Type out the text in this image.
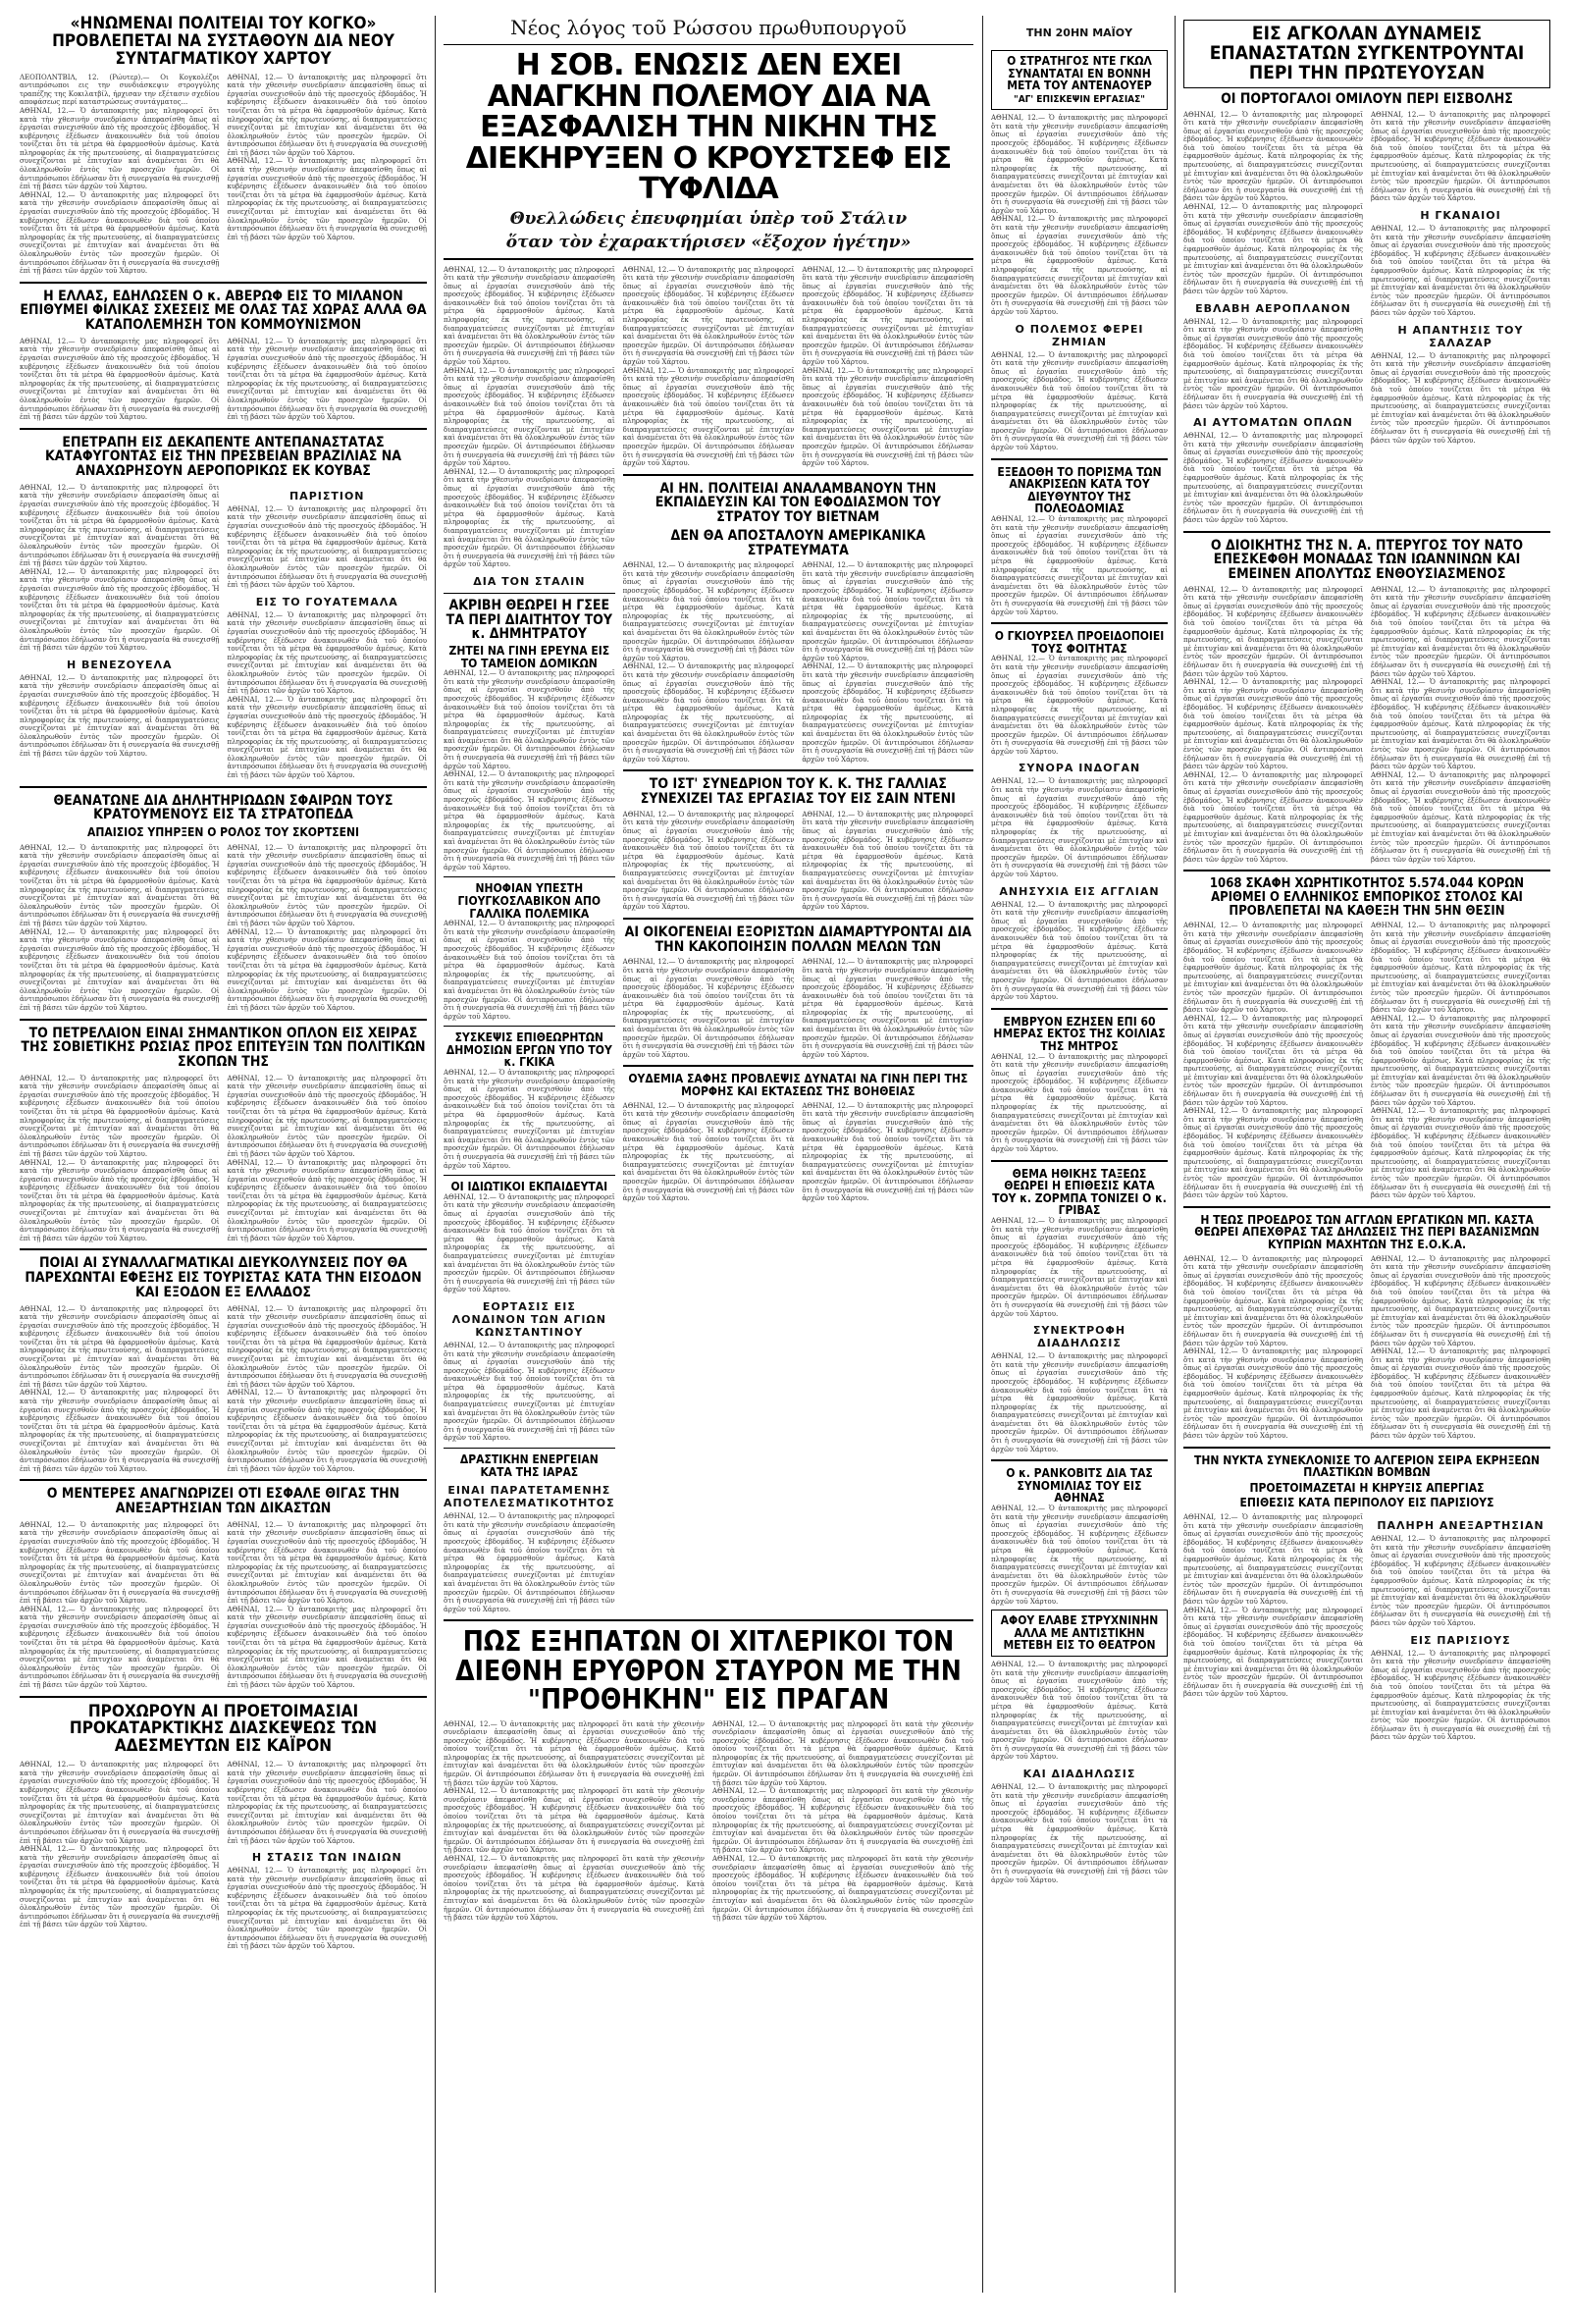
«ΗΝΩΜΕΝΑΙ ΠΟΛΙΤΕΙΑΙ ΤΟΥ ΚΟΓΚΟ» ΠΡΟΒΛΕΠΕΤΑΙ ΝΑ ΣΥΣΤΑΘΟΥΝ ΔΙΑ ΝΕΟΥ ΣΥΝΤΑΓΜΑΤΙΚΟΥ ΧΑΡΤΟΥ

ΛΕΟΠΟΛΝΤΒΙΛ, 12. (Ρώυτερ).— Οι Κογκολέζοι αντιπρόσωποι εις την συνδιάσκεψιν στρογγύλης τραπέζης της Κοκιλατβίλ, ήρχισαν την εξέτασιν σχεδίου αποφάσεως περί καταστρώσεως συντάγματος...

ΑΘΗΝΑΙ, 12.— Ὁ ἀνταποκριτὴς μας πληροφορεῖ ὅτι κατὰ τὴν χθεσινὴν συνεδρίασιν ἀπεφασίσθη ὅπως αἱ ἐργασίαι συνεχισθοῦν ἀπὸ τῆς προσεχοῦς ἑβδομάδος. Ἡ κυβέρνησις ἐξέδωσεν ἀνακοινωθὲν διὰ τοῦ ὁποίου τονίζεται ὅτι τὰ μέτρα θὰ ἐφαρμοσθοῦν ἀμέσως. Κατὰ πληροφορίας ἐκ τῆς πρωτευούσης, αἱ διαπραγματεύσεις συνεχίζονται μὲ ἐπιτυχίαν καὶ ἀναμένεται ὅτι θὰ ὁλοκληρωθοῦν ἐντὸς τῶν προσεχῶν ἡμερῶν. Οἱ ἀντιπρόσωποι ἐδήλωσαν ὅτι ἡ συνεργασία θὰ συνεχισθῇ ἐπὶ τῇ βάσει τῶν ἀρχῶν τοῦ Χάρτου.

ΑΘΗΝΑΙ, 12.— Ὁ ἀνταποκριτὴς μας πληροφορεῖ ὅτι κατὰ τὴν χθεσινὴν συνεδρίασιν ἀπεφασίσθη ὅπως αἱ ἐργασίαι συνεχισθοῦν ἀπὸ τῆς προσεχοῦς ἑβδομάδος. Ἡ κυβέρνησις ἐξέδωσεν ἀνακοινωθὲν διὰ τοῦ ὁποίου τονίζεται ὅτι τὰ μέτρα θὰ ἐφαρμοσθοῦν ἀμέσως. Κατὰ πληροφορίας ἐκ τῆς πρωτευούσης, αἱ διαπραγματεύσεις συνεχίζονται μὲ ἐπιτυχίαν καὶ ἀναμένεται ὅτι θὰ ὁλοκληρωθοῦν ἐντὸς τῶν προσεχῶν ἡμερῶν. Οἱ ἀντιπρόσωποι ἐδήλωσαν ὅτι ἡ συνεργασία θὰ συνεχισθῇ ἐπὶ τῇ βάσει τῶν ἀρχῶν τοῦ Χάρτου.

ΑΘΗΝΑΙ, 12.— Ὁ ἀνταποκριτὴς μας πληροφορεῖ ὅτι κατὰ τὴν χθεσινὴν συνεδρίασιν ἀπεφασίσθη ὅπως αἱ ἐργασίαι συνεχισθοῦν ἀπὸ τῆς προσεχοῦς ἑβδομάδος. Ἡ κυβέρνησις ἐξέδωσεν ἀνακοινωθὲν διὰ τοῦ ὁποίου τονίζεται ὅτι τὰ μέτρα θὰ ἐφαρμοσθοῦν ἀμέσως. Κατὰ πληροφορίας ἐκ τῆς πρωτευούσης, αἱ διαπραγματεύσεις συνεχίζονται μὲ ἐπιτυχίαν καὶ ἀναμένεται ὅτι θὰ ὁλοκληρωθοῦν ἐντὸς τῶν προσεχῶν ἡμερῶν. Οἱ ἀντιπρόσωποι ἐδήλωσαν ὅτι ἡ συνεργασία θὰ συνεχισθῇ ἐπὶ τῇ βάσει τῶν ἀρχῶν τοῦ Χάρτου.

ΑΘΗΝΑΙ, 12.— Ὁ ἀνταποκριτὴς μας πληροφορεῖ ὅτι κατὰ τὴν χθεσινὴν συνεδρίασιν ἀπεφασίσθη ὅπως αἱ ἐργασίαι συνεχισθοῦν ἀπὸ τῆς προσεχοῦς ἑβδομάδος. Ἡ κυβέρνησις ἐξέδωσεν ἀνακοινωθὲν διὰ τοῦ ὁποίου τονίζεται ὅτι τὰ μέτρα θὰ ἐφαρμοσθοῦν ἀμέσως. Κατὰ πληροφορίας ἐκ τῆς πρωτευούσης, αἱ διαπραγματεύσεις συνεχίζονται μὲ ἐπιτυχίαν καὶ ἀναμένεται ὅτι θὰ ὁλοκληρωθοῦν ἐντὸς τῶν προσεχῶν ἡμερῶν. Οἱ ἀντιπρόσωποι ἐδήλωσαν ὅτι ἡ συνεργασία θὰ συνεχισθῇ ἐπὶ τῇ βάσει τῶν ἀρχῶν τοῦ Χάρτου.

Η ΕΛΛΑΣ, ΕΔΗΛΩΣΕΝ Ο κ. ΑΒΕΡΩΦ ΕΙΣ ΤΟ ΜΙΛΑΝΟΝ ΕΠΙΘΥΜΕΙ ΦΙΛΙΚΑΣ ΣΧΕΣΕΙΣ ΜΕ ΟΛΑΣ ΤΑΣ ΧΩΡΑΣ ΑΛΛΑ ΘΑ ΚΑΤΑΠΟΛΕΜΗΣΗ ΤΟΝ ΚΟΜΜΟΥΝΙΣΜΟΝ

ΑΘΗΝΑΙ, 12.— Ὁ ἀνταποκριτὴς μας πληροφορεῖ ὅτι κατὰ τὴν χθεσινὴν συνεδρίασιν ἀπεφασίσθη ὅπως αἱ ἐργασίαι συνεχισθοῦν ἀπὸ τῆς προσεχοῦς ἑβδομάδος. Ἡ κυβέρνησις ἐξέδωσεν ἀνακοινωθὲν διὰ τοῦ ὁποίου τονίζεται ὅτι τὰ μέτρα θὰ ἐφαρμοσθοῦν ἀμέσως. Κατὰ πληροφορίας ἐκ τῆς πρωτευούσης, αἱ διαπραγματεύσεις συνεχίζονται μὲ ἐπιτυχίαν καὶ ἀναμένεται ὅτι θὰ ὁλοκληρωθοῦν ἐντὸς τῶν προσεχῶν ἡμερῶν. Οἱ ἀντιπρόσωποι ἐδήλωσαν ὅτι ἡ συνεργασία θὰ συνεχισθῇ ἐπὶ τῇ βάσει τῶν ἀρχῶν τοῦ Χάρτου.

ΑΘΗΝΑΙ, 12.— Ὁ ἀνταποκριτὴς μας πληροφορεῖ ὅτι κατὰ τὴν χθεσινὴν συνεδρίασιν ἀπεφασίσθη ὅπως αἱ ἐργασίαι συνεχισθοῦν ἀπὸ τῆς προσεχοῦς ἑβδομάδος. Ἡ κυβέρνησις ἐξέδωσεν ἀνακοινωθὲν διὰ τοῦ ὁποίου τονίζεται ὅτι τὰ μέτρα θὰ ἐφαρμοσθοῦν ἀμέσως. Κατὰ πληροφορίας ἐκ τῆς πρωτευούσης, αἱ διαπραγματεύσεις συνεχίζονται μὲ ἐπιτυχίαν καὶ ἀναμένεται ὅτι θὰ ὁλοκληρωθοῦν ἐντὸς τῶν προσεχῶν ἡμερῶν. Οἱ ἀντιπρόσωποι ἐδήλωσαν ὅτι ἡ συνεργασία θὰ συνεχισθῇ ἐπὶ τῇ βάσει τῶν ἀρχῶν τοῦ Χάρτου.

ΕΠΕΤΡΑΠΗ ΕΙΣ ΔΕΚΑΠΕΝΤΕ ΑΝΤΕΠΑΝΑΣΤΑΤΑΣ ΚΑΤΑΦΥΓΟΝΤΑΣ ΕΙΣ ΤΗΝ ΠΡΕΣΒΕΙΑΝ ΒΡΑΖΙΛΙΑΣ ΝΑ ΑΝΑΧΩΡΗΣΟΥΝ ΑΕΡΟΠΟΡΙΚΩΣ ΕΚ ΚΟΥΒΑΣ

ΑΘΗΝΑΙ, 12.— Ὁ ἀνταποκριτὴς μας πληροφορεῖ ὅτι κατὰ τὴν χθεσινὴν συνεδρίασιν ἀπεφασίσθη ὅπως αἱ ἐργασίαι συνεχισθοῦν ἀπὸ τῆς προσεχοῦς ἑβδομάδος. Ἡ κυβέρνησις ἐξέδωσεν ἀνακοινωθὲν διὰ τοῦ ὁποίου τονίζεται ὅτι τὰ μέτρα θὰ ἐφαρμοσθοῦν ἀμέσως. Κατὰ πληροφορίας ἐκ τῆς πρωτευούσης, αἱ διαπραγματεύσεις συνεχίζονται μὲ ἐπιτυχίαν καὶ ἀναμένεται ὅτι θὰ ὁλοκληρωθοῦν ἐντὸς τῶν προσεχῶν ἡμερῶν. Οἱ ἀντιπρόσωποι ἐδήλωσαν ὅτι ἡ συνεργασία θὰ συνεχισθῇ ἐπὶ τῇ βάσει τῶν ἀρχῶν τοῦ Χάρτου.

ΑΘΗΝΑΙ, 12.— Ὁ ἀνταποκριτὴς μας πληροφορεῖ ὅτι κατὰ τὴν χθεσινὴν συνεδρίασιν ἀπεφασίσθη ὅπως αἱ ἐργασίαι συνεχισθοῦν ἀπὸ τῆς προσεχοῦς ἑβδομάδος. Ἡ κυβέρνησις ἐξέδωσεν ἀνακοινωθὲν διὰ τοῦ ὁποίου τονίζεται ὅτι τὰ μέτρα θὰ ἐφαρμοσθοῦν ἀμέσως. Κατὰ πληροφορίας ἐκ τῆς πρωτευούσης, αἱ διαπραγματεύσεις συνεχίζονται μὲ ἐπιτυχίαν καὶ ἀναμένεται ὅτι θὰ ὁλοκληρωθοῦν ἐντὸς τῶν προσεχῶν ἡμερῶν. Οἱ ἀντιπρόσωποι ἐδήλωσαν ὅτι ἡ συνεργασία θὰ συνεχισθῇ ἐπὶ τῇ βάσει τῶν ἀρχῶν τοῦ Χάρτου.

Η ΒΕΝΕΖΟΥΕΛΑ

ΑΘΗΝΑΙ, 12.— Ὁ ἀνταποκριτὴς μας πληροφορεῖ ὅτι κατὰ τὴν χθεσινὴν συνεδρίασιν ἀπεφασίσθη ὅπως αἱ ἐργασίαι συνεχισθοῦν ἀπὸ τῆς προσεχοῦς ἑβδομάδος. Ἡ κυβέρνησις ἐξέδωσεν ἀνακοινωθὲν διὰ τοῦ ὁποίου τονίζεται ὅτι τὰ μέτρα θὰ ἐφαρμοσθοῦν ἀμέσως. Κατὰ πληροφορίας ἐκ τῆς πρωτευούσης, αἱ διαπραγματεύσεις συνεχίζονται μὲ ἐπιτυχίαν καὶ ἀναμένεται ὅτι θὰ ὁλοκληρωθοῦν ἐντὸς τῶν προσεχῶν ἡμερῶν. Οἱ ἀντιπρόσωποι ἐδήλωσαν ὅτι ἡ συνεργασία θὰ συνεχισθῇ ἐπὶ τῇ βάσει τῶν ἀρχῶν τοῦ Χάρτου.

ΠΑΡΙΣΤΙΟΝ

ΑΘΗΝΑΙ, 12.— Ὁ ἀνταποκριτὴς μας πληροφορεῖ ὅτι κατὰ τὴν χθεσινὴν συνεδρίασιν ἀπεφασίσθη ὅπως αἱ ἐργασίαι συνεχισθοῦν ἀπὸ τῆς προσεχοῦς ἑβδομάδος. Ἡ κυβέρνησις ἐξέδωσεν ἀνακοινωθὲν διὰ τοῦ ὁποίου τονίζεται ὅτι τὰ μέτρα θὰ ἐφαρμοσθοῦν ἀμέσως. Κατὰ πληροφορίας ἐκ τῆς πρωτευούσης, αἱ διαπραγματεύσεις συνεχίζονται μὲ ἐπιτυχίαν καὶ ἀναμένεται ὅτι θὰ ὁλοκληρωθοῦν ἐντὸς τῶν προσεχῶν ἡμερῶν. Οἱ ἀντιπρόσωποι ἐδήλωσαν ὅτι ἡ συνεργασία θὰ συνεχισθῇ ἐπὶ τῇ βάσει τῶν ἀρχῶν τοῦ Χάρτου.

ΕΙΣ ΤΟ ΓΟΥΑΤΕΜΑΛΑ

ΑΘΗΝΑΙ, 12.— Ὁ ἀνταποκριτὴς μας πληροφορεῖ ὅτι κατὰ τὴν χθεσινὴν συνεδρίασιν ἀπεφασίσθη ὅπως αἱ ἐργασίαι συνεχισθοῦν ἀπὸ τῆς προσεχοῦς ἑβδομάδος. Ἡ κυβέρνησις ἐξέδωσεν ἀνακοινωθὲν διὰ τοῦ ὁποίου τονίζεται ὅτι τὰ μέτρα θὰ ἐφαρμοσθοῦν ἀμέσως. Κατὰ πληροφορίας ἐκ τῆς πρωτευούσης, αἱ διαπραγματεύσεις συνεχίζονται μὲ ἐπιτυχίαν καὶ ἀναμένεται ὅτι θὰ ὁλοκληρωθοῦν ἐντὸς τῶν προσεχῶν ἡμερῶν. Οἱ ἀντιπρόσωποι ἐδήλωσαν ὅτι ἡ συνεργασία θὰ συνεχισθῇ ἐπὶ τῇ βάσει τῶν ἀρχῶν τοῦ Χάρτου.

ΑΘΗΝΑΙ, 12.— Ὁ ἀνταποκριτὴς μας πληροφορεῖ ὅτι κατὰ τὴν χθεσινὴν συνεδρίασιν ἀπεφασίσθη ὅπως αἱ ἐργασίαι συνεχισθοῦν ἀπὸ τῆς προσεχοῦς ἑβδομάδος. Ἡ κυβέρνησις ἐξέδωσεν ἀνακοινωθὲν διὰ τοῦ ὁποίου τονίζεται ὅτι τὰ μέτρα θὰ ἐφαρμοσθοῦν ἀμέσως. Κατὰ πληροφορίας ἐκ τῆς πρωτευούσης, αἱ διαπραγματεύσεις συνεχίζονται μὲ ἐπιτυχίαν καὶ ἀναμένεται ὅτι θὰ ὁλοκληρωθοῦν ἐντὸς τῶν προσεχῶν ἡμερῶν. Οἱ ἀντιπρόσωποι ἐδήλωσαν ὅτι ἡ συνεργασία θὰ συνεχισθῇ ἐπὶ τῇ βάσει τῶν ἀρχῶν τοῦ Χάρτου.

ΘΕΑΝΑΤΩΝΕ ΔΙΑ ΔΗΛΗΤΗΡΙΩΔΩΝ ΣΦΑΙΡΩΝ ΤΟΥΣ ΚΡΑΤΟΥΜΕΝΟΥΣ ΕΙΣ ΤΑ ΣΤΡΑΤΟΠΕΔΑ

ΑΠΑΙΣΙΟΣ ΥΠΗΡΞΕΝ Ο ΡΟΛΟΣ ΤΟΥ ΣΚΟΡΤΣΕΝΙ

ΑΘΗΝΑΙ, 12.— Ὁ ἀνταποκριτὴς μας πληροφορεῖ ὅτι κατὰ τὴν χθεσινὴν συνεδρίασιν ἀπεφασίσθη ὅπως αἱ ἐργασίαι συνεχισθοῦν ἀπὸ τῆς προσεχοῦς ἑβδομάδος. Ἡ κυβέρνησις ἐξέδωσεν ἀνακοινωθὲν διὰ τοῦ ὁποίου τονίζεται ὅτι τὰ μέτρα θὰ ἐφαρμοσθοῦν ἀμέσως. Κατὰ πληροφορίας ἐκ τῆς πρωτευούσης, αἱ διαπραγματεύσεις συνεχίζονται μὲ ἐπιτυχίαν καὶ ἀναμένεται ὅτι θὰ ὁλοκληρωθοῦν ἐντὸς τῶν προσεχῶν ἡμερῶν. Οἱ ἀντιπρόσωποι ἐδήλωσαν ὅτι ἡ συνεργασία θὰ συνεχισθῇ ἐπὶ τῇ βάσει τῶν ἀρχῶν τοῦ Χάρτου.

ΑΘΗΝΑΙ, 12.— Ὁ ἀνταποκριτὴς μας πληροφορεῖ ὅτι κατὰ τὴν χθεσινὴν συνεδρίασιν ἀπεφασίσθη ὅπως αἱ ἐργασίαι συνεχισθοῦν ἀπὸ τῆς προσεχοῦς ἑβδομάδος. Ἡ κυβέρνησις ἐξέδωσεν ἀνακοινωθὲν διὰ τοῦ ὁποίου τονίζεται ὅτι τὰ μέτρα θὰ ἐφαρμοσθοῦν ἀμέσως. Κατὰ πληροφορίας ἐκ τῆς πρωτευούσης, αἱ διαπραγματεύσεις συνεχίζονται μὲ ἐπιτυχίαν καὶ ἀναμένεται ὅτι θὰ ὁλοκληρωθοῦν ἐντὸς τῶν προσεχῶν ἡμερῶν. Οἱ ἀντιπρόσωποι ἐδήλωσαν ὅτι ἡ συνεργασία θὰ συνεχισθῇ ἐπὶ τῇ βάσει τῶν ἀρχῶν τοῦ Χάρτου.

ΑΘΗΝΑΙ, 12.— Ὁ ἀνταποκριτὴς μας πληροφορεῖ ὅτι κατὰ τὴν χθεσινὴν συνεδρίασιν ἀπεφασίσθη ὅπως αἱ ἐργασίαι συνεχισθοῦν ἀπὸ τῆς προσεχοῦς ἑβδομάδος. Ἡ κυβέρνησις ἐξέδωσεν ἀνακοινωθὲν διὰ τοῦ ὁποίου τονίζεται ὅτι τὰ μέτρα θὰ ἐφαρμοσθοῦν ἀμέσως. Κατὰ πληροφορίας ἐκ τῆς πρωτευούσης, αἱ διαπραγματεύσεις συνεχίζονται μὲ ἐπιτυχίαν καὶ ἀναμένεται ὅτι θὰ ὁλοκληρωθοῦν ἐντὸς τῶν προσεχῶν ἡμερῶν. Οἱ ἀντιπρόσωποι ἐδήλωσαν ὅτι ἡ συνεργασία θὰ συνεχισθῇ ἐπὶ τῇ βάσει τῶν ἀρχῶν τοῦ Χάρτου.

ΑΘΗΝΑΙ, 12.— Ὁ ἀνταποκριτὴς μας πληροφορεῖ ὅτι κατὰ τὴν χθεσινὴν συνεδρίασιν ἀπεφασίσθη ὅπως αἱ ἐργασίαι συνεχισθοῦν ἀπὸ τῆς προσεχοῦς ἑβδομάδος. Ἡ κυβέρνησις ἐξέδωσεν ἀνακοινωθὲν διὰ τοῦ ὁποίου τονίζεται ὅτι τὰ μέτρα θὰ ἐφαρμοσθοῦν ἀμέσως. Κατὰ πληροφορίας ἐκ τῆς πρωτευούσης, αἱ διαπραγματεύσεις συνεχίζονται μὲ ἐπιτυχίαν καὶ ἀναμένεται ὅτι θὰ ὁλοκληρωθοῦν ἐντὸς τῶν προσεχῶν ἡμερῶν. Οἱ ἀντιπρόσωποι ἐδήλωσαν ὅτι ἡ συνεργασία θὰ συνεχισθῇ ἐπὶ τῇ βάσει τῶν ἀρχῶν τοῦ Χάρτου.

ΤΟ ΠΕΤΡΕΛΑΙΟΝ ΕΙΝΑΙ ΣΗΜΑΝΤΙΚΟΝ ΟΠΛΟΝ ΕΙΣ ΧΕΙΡΑΣ ΤΗΣ ΣΟΒΙΕΤΙΚΗΣ ΡΩΣΙΑΣ ΠΡΟΣ ΕΠΙΤΕΥΞΙΝ ΤΩΝ ΠΟΛΙΤΙΚΩΝ ΣΚΟΠΩΝ ΤΗΣ

ΑΘΗΝΑΙ, 12.— Ὁ ἀνταποκριτὴς μας πληροφορεῖ ὅτι κατὰ τὴν χθεσινὴν συνεδρίασιν ἀπεφασίσθη ὅπως αἱ ἐργασίαι συνεχισθοῦν ἀπὸ τῆς προσεχοῦς ἑβδομάδος. Ἡ κυβέρνησις ἐξέδωσεν ἀνακοινωθὲν διὰ τοῦ ὁποίου τονίζεται ὅτι τὰ μέτρα θὰ ἐφαρμοσθοῦν ἀμέσως. Κατὰ πληροφορίας ἐκ τῆς πρωτευούσης, αἱ διαπραγματεύσεις συνεχίζονται μὲ ἐπιτυχίαν καὶ ἀναμένεται ὅτι θὰ ὁλοκληρωθοῦν ἐντὸς τῶν προσεχῶν ἡμερῶν. Οἱ ἀντιπρόσωποι ἐδήλωσαν ὅτι ἡ συνεργασία θὰ συνεχισθῇ ἐπὶ τῇ βάσει τῶν ἀρχῶν τοῦ Χάρτου.

ΑΘΗΝΑΙ, 12.— Ὁ ἀνταποκριτὴς μας πληροφορεῖ ὅτι κατὰ τὴν χθεσινὴν συνεδρίασιν ἀπεφασίσθη ὅπως αἱ ἐργασίαι συνεχισθοῦν ἀπὸ τῆς προσεχοῦς ἑβδομάδος. Ἡ κυβέρνησις ἐξέδωσεν ἀνακοινωθὲν διὰ τοῦ ὁποίου τονίζεται ὅτι τὰ μέτρα θὰ ἐφαρμοσθοῦν ἀμέσως. Κατὰ πληροφορίας ἐκ τῆς πρωτευούσης, αἱ διαπραγματεύσεις συνεχίζονται μὲ ἐπιτυχίαν καὶ ἀναμένεται ὅτι θὰ ὁλοκληρωθοῦν ἐντὸς τῶν προσεχῶν ἡμερῶν. Οἱ ἀντιπρόσωποι ἐδήλωσαν ὅτι ἡ συνεργασία θὰ συνεχισθῇ ἐπὶ τῇ βάσει τῶν ἀρχῶν τοῦ Χάρτου.

ΑΘΗΝΑΙ, 12.— Ὁ ἀνταποκριτὴς μας πληροφορεῖ ὅτι κατὰ τὴν χθεσινὴν συνεδρίασιν ἀπεφασίσθη ὅπως αἱ ἐργασίαι συνεχισθοῦν ἀπὸ τῆς προσεχοῦς ἑβδομάδος. Ἡ κυβέρνησις ἐξέδωσεν ἀνακοινωθὲν διὰ τοῦ ὁποίου τονίζεται ὅτι τὰ μέτρα θὰ ἐφαρμοσθοῦν ἀμέσως. Κατὰ πληροφορίας ἐκ τῆς πρωτευούσης, αἱ διαπραγματεύσεις συνεχίζονται μὲ ἐπιτυχίαν καὶ ἀναμένεται ὅτι θὰ ὁλοκληρωθοῦν ἐντὸς τῶν προσεχῶν ἡμερῶν. Οἱ ἀντιπρόσωποι ἐδήλωσαν ὅτι ἡ συνεργασία θὰ συνεχισθῇ ἐπὶ τῇ βάσει τῶν ἀρχῶν τοῦ Χάρτου.

ΑΘΗΝΑΙ, 12.— Ὁ ἀνταποκριτὴς μας πληροφορεῖ ὅτι κατὰ τὴν χθεσινὴν συνεδρίασιν ἀπεφασίσθη ὅπως αἱ ἐργασίαι συνεχισθοῦν ἀπὸ τῆς προσεχοῦς ἑβδομάδος. Ἡ κυβέρνησις ἐξέδωσεν ἀνακοινωθὲν διὰ τοῦ ὁποίου τονίζεται ὅτι τὰ μέτρα θὰ ἐφαρμοσθοῦν ἀμέσως. Κατὰ πληροφορίας ἐκ τῆς πρωτευούσης, αἱ διαπραγματεύσεις συνεχίζονται μὲ ἐπιτυχίαν καὶ ἀναμένεται ὅτι θὰ ὁλοκληρωθοῦν ἐντὸς τῶν προσεχῶν ἡμερῶν. Οἱ ἀντιπρόσωποι ἐδήλωσαν ὅτι ἡ συνεργασία θὰ συνεχισθῇ ἐπὶ τῇ βάσει τῶν ἀρχῶν τοῦ Χάρτου.

ΠΟΙΑΙ ΑΙ ΣΥΝΑΛΛΑΓΜΑΤΙΚΑΙ ΔΙΕΥΚΟΛΥΝΣΕΙΣ ΠΟΥ ΘΑ ΠΑΡΕΧΩΝΤΑΙ ΕΦΕΞΗΣ ΕΙΣ ΤΟΥΡΙΣΤΑΣ ΚΑΤΑ ΤΗΝ ΕΙΣΟΔΟΝ ΚΑΙ ΕΞΟΔΟΝ ΕΞ ΕΛΛΑΔΟΣ

ΑΘΗΝΑΙ, 12.— Ὁ ἀνταποκριτὴς μας πληροφορεῖ ὅτι κατὰ τὴν χθεσινὴν συνεδρίασιν ἀπεφασίσθη ὅπως αἱ ἐργασίαι συνεχισθοῦν ἀπὸ τῆς προσεχοῦς ἑβδομάδος. Ἡ κυβέρνησις ἐξέδωσεν ἀνακοινωθὲν διὰ τοῦ ὁποίου τονίζεται ὅτι τὰ μέτρα θὰ ἐφαρμοσθοῦν ἀμέσως. Κατὰ πληροφορίας ἐκ τῆς πρωτευούσης, αἱ διαπραγματεύσεις συνεχίζονται μὲ ἐπιτυχίαν καὶ ἀναμένεται ὅτι θὰ ὁλοκληρωθοῦν ἐντὸς τῶν προσεχῶν ἡμερῶν. Οἱ ἀντιπρόσωποι ἐδήλωσαν ὅτι ἡ συνεργασία θὰ συνεχισθῇ ἐπὶ τῇ βάσει τῶν ἀρχῶν τοῦ Χάρτου.

ΑΘΗΝΑΙ, 12.— Ὁ ἀνταποκριτὴς μας πληροφορεῖ ὅτι κατὰ τὴν χθεσινὴν συνεδρίασιν ἀπεφασίσθη ὅπως αἱ ἐργασίαι συνεχισθοῦν ἀπὸ τῆς προσεχοῦς ἑβδομάδος. Ἡ κυβέρνησις ἐξέδωσεν ἀνακοινωθὲν διὰ τοῦ ὁποίου τονίζεται ὅτι τὰ μέτρα θὰ ἐφαρμοσθοῦν ἀμέσως. Κατὰ πληροφορίας ἐκ τῆς πρωτευούσης, αἱ διαπραγματεύσεις συνεχίζονται μὲ ἐπιτυχίαν καὶ ἀναμένεται ὅτι θὰ ὁλοκληρωθοῦν ἐντὸς τῶν προσεχῶν ἡμερῶν. Οἱ ἀντιπρόσωποι ἐδήλωσαν ὅτι ἡ συνεργασία θὰ συνεχισθῇ ἐπὶ τῇ βάσει τῶν ἀρχῶν τοῦ Χάρτου.

ΑΘΗΝΑΙ, 12.— Ὁ ἀνταποκριτὴς μας πληροφορεῖ ὅτι κατὰ τὴν χθεσινὴν συνεδρίασιν ἀπεφασίσθη ὅπως αἱ ἐργασίαι συνεχισθοῦν ἀπὸ τῆς προσεχοῦς ἑβδομάδος. Ἡ κυβέρνησις ἐξέδωσεν ἀνακοινωθὲν διὰ τοῦ ὁποίου τονίζεται ὅτι τὰ μέτρα θὰ ἐφαρμοσθοῦν ἀμέσως. Κατὰ πληροφορίας ἐκ τῆς πρωτευούσης, αἱ διαπραγματεύσεις συνεχίζονται μὲ ἐπιτυχίαν καὶ ἀναμένεται ὅτι θὰ ὁλοκληρωθοῦν ἐντὸς τῶν προσεχῶν ἡμερῶν. Οἱ ἀντιπρόσωποι ἐδήλωσαν ὅτι ἡ συνεργασία θὰ συνεχισθῇ ἐπὶ τῇ βάσει τῶν ἀρχῶν τοῦ Χάρτου.

ΑΘΗΝΑΙ, 12.— Ὁ ἀνταποκριτὴς μας πληροφορεῖ ὅτι κατὰ τὴν χθεσινὴν συνεδρίασιν ἀπεφασίσθη ὅπως αἱ ἐργασίαι συνεχισθοῦν ἀπὸ τῆς προσεχοῦς ἑβδομάδος. Ἡ κυβέρνησις ἐξέδωσεν ἀνακοινωθὲν διὰ τοῦ ὁποίου τονίζεται ὅτι τὰ μέτρα θὰ ἐφαρμοσθοῦν ἀμέσως. Κατὰ πληροφορίας ἐκ τῆς πρωτευούσης, αἱ διαπραγματεύσεις συνεχίζονται μὲ ἐπιτυχίαν καὶ ἀναμένεται ὅτι θὰ ὁλοκληρωθοῦν ἐντὸς τῶν προσεχῶν ἡμερῶν. Οἱ ἀντιπρόσωποι ἐδήλωσαν ὅτι ἡ συνεργασία θὰ συνεχισθῇ ἐπὶ τῇ βάσει τῶν ἀρχῶν τοῦ Χάρτου.

Ο ΜΕΝΤΕΡΕΣ ΑΝΑΓΝΩΡΙΖΕΙ ΟΤΙ ΕΣΦΑΛΕ ΘΙΓΑΣ ΤΗΝ ΑΝΕΞΑΡΤΗΣΙΑΝ ΤΩΝ ΔΙΚΑΣΤΩΝ

ΑΘΗΝΑΙ, 12.— Ὁ ἀνταποκριτὴς μας πληροφορεῖ ὅτι κατὰ τὴν χθεσινὴν συνεδρίασιν ἀπεφασίσθη ὅπως αἱ ἐργασίαι συνεχισθοῦν ἀπὸ τῆς προσεχοῦς ἑβδομάδος. Ἡ κυβέρνησις ἐξέδωσεν ἀνακοινωθὲν διὰ τοῦ ὁποίου τονίζεται ὅτι τὰ μέτρα θὰ ἐφαρμοσθοῦν ἀμέσως. Κατὰ πληροφορίας ἐκ τῆς πρωτευούσης, αἱ διαπραγματεύσεις συνεχίζονται μὲ ἐπιτυχίαν καὶ ἀναμένεται ὅτι θὰ ὁλοκληρωθοῦν ἐντὸς τῶν προσεχῶν ἡμερῶν. Οἱ ἀντιπρόσωποι ἐδήλωσαν ὅτι ἡ συνεργασία θὰ συνεχισθῇ ἐπὶ τῇ βάσει τῶν ἀρχῶν τοῦ Χάρτου.

ΑΘΗΝΑΙ, 12.— Ὁ ἀνταποκριτὴς μας πληροφορεῖ ὅτι κατὰ τὴν χθεσινὴν συνεδρίασιν ἀπεφασίσθη ὅπως αἱ ἐργασίαι συνεχισθοῦν ἀπὸ τῆς προσεχοῦς ἑβδομάδος. Ἡ κυβέρνησις ἐξέδωσεν ἀνακοινωθὲν διὰ τοῦ ὁποίου τονίζεται ὅτι τὰ μέτρα θὰ ἐφαρμοσθοῦν ἀμέσως. Κατὰ πληροφορίας ἐκ τῆς πρωτευούσης, αἱ διαπραγματεύσεις συνεχίζονται μὲ ἐπιτυχίαν καὶ ἀναμένεται ὅτι θὰ ὁλοκληρωθοῦν ἐντὸς τῶν προσεχῶν ἡμερῶν. Οἱ ἀντιπρόσωποι ἐδήλωσαν ὅτι ἡ συνεργασία θὰ συνεχισθῇ ἐπὶ τῇ βάσει τῶν ἀρχῶν τοῦ Χάρτου.

ΑΘΗΝΑΙ, 12.— Ὁ ἀνταποκριτὴς μας πληροφορεῖ ὅτι κατὰ τὴν χθεσινὴν συνεδρίασιν ἀπεφασίσθη ὅπως αἱ ἐργασίαι συνεχισθοῦν ἀπὸ τῆς προσεχοῦς ἑβδομάδος. Ἡ κυβέρνησις ἐξέδωσεν ἀνακοινωθὲν διὰ τοῦ ὁποίου τονίζεται ὅτι τὰ μέτρα θὰ ἐφαρμοσθοῦν ἀμέσως. Κατὰ πληροφορίας ἐκ τῆς πρωτευούσης, αἱ διαπραγματεύσεις συνεχίζονται μὲ ἐπιτυχίαν καὶ ἀναμένεται ὅτι θὰ ὁλοκληρωθοῦν ἐντὸς τῶν προσεχῶν ἡμερῶν. Οἱ ἀντιπρόσωποι ἐδήλωσαν ὅτι ἡ συνεργασία θὰ συνεχισθῇ ἐπὶ τῇ βάσει τῶν ἀρχῶν τοῦ Χάρτου.

ΑΘΗΝΑΙ, 12.— Ὁ ἀνταποκριτὴς μας πληροφορεῖ ὅτι κατὰ τὴν χθεσινὴν συνεδρίασιν ἀπεφασίσθη ὅπως αἱ ἐργασίαι συνεχισθοῦν ἀπὸ τῆς προσεχοῦς ἑβδομάδος. Ἡ κυβέρνησις ἐξέδωσεν ἀνακοινωθὲν διὰ τοῦ ὁποίου τονίζεται ὅτι τὰ μέτρα θὰ ἐφαρμοσθοῦν ἀμέσως. Κατὰ πληροφορίας ἐκ τῆς πρωτευούσης, αἱ διαπραγματεύσεις συνεχίζονται μὲ ἐπιτυχίαν καὶ ἀναμένεται ὅτι θὰ ὁλοκληρωθοῦν ἐντὸς τῶν προσεχῶν ἡμερῶν. Οἱ ἀντιπρόσωποι ἐδήλωσαν ὅτι ἡ συνεργασία θὰ συνεχισθῇ ἐπὶ τῇ βάσει τῶν ἀρχῶν τοῦ Χάρτου.

ΠΡΟΧΩΡΟΥΝ ΑΙ ΠΡΟΕΤΟΙΜΑΣΙΑΙ ΠΡΟΚΑΤΑΡΚΤΙΚΗΣ ΔΙΑΣΚΕΨΕΩΣ ΤΩΝ ΑΔΕΣΜΕΥΤΩΝ ΕΙΣ ΚΑΪΡΟΝ

ΑΘΗΝΑΙ, 12.— Ὁ ἀνταποκριτὴς μας πληροφορεῖ ὅτι κατὰ τὴν χθεσινὴν συνεδρίασιν ἀπεφασίσθη ὅπως αἱ ἐργασίαι συνεχισθοῦν ἀπὸ τῆς προσεχοῦς ἑβδομάδος. Ἡ κυβέρνησις ἐξέδωσεν ἀνακοινωθὲν διὰ τοῦ ὁποίου τονίζεται ὅτι τὰ μέτρα θὰ ἐφαρμοσθοῦν ἀμέσως. Κατὰ πληροφορίας ἐκ τῆς πρωτευούσης, αἱ διαπραγματεύσεις συνεχίζονται μὲ ἐπιτυχίαν καὶ ἀναμένεται ὅτι θὰ ὁλοκληρωθοῦν ἐντὸς τῶν προσεχῶν ἡμερῶν. Οἱ ἀντιπρόσωποι ἐδήλωσαν ὅτι ἡ συνεργασία θὰ συνεχισθῇ ἐπὶ τῇ βάσει τῶν ἀρχῶν τοῦ Χάρτου.

ΑΘΗΝΑΙ, 12.— Ὁ ἀνταποκριτὴς μας πληροφορεῖ ὅτι κατὰ τὴν χθεσινὴν συνεδρίασιν ἀπεφασίσθη ὅπως αἱ ἐργασίαι συνεχισθοῦν ἀπὸ τῆς προσεχοῦς ἑβδομάδος. Ἡ κυβέρνησις ἐξέδωσεν ἀνακοινωθὲν διὰ τοῦ ὁποίου τονίζεται ὅτι τὰ μέτρα θὰ ἐφαρμοσθοῦν ἀμέσως. Κατὰ πληροφορίας ἐκ τῆς πρωτευούσης, αἱ διαπραγματεύσεις συνεχίζονται μὲ ἐπιτυχίαν καὶ ἀναμένεται ὅτι θὰ ὁλοκληρωθοῦν ἐντὸς τῶν προσεχῶν ἡμερῶν. Οἱ ἀντιπρόσωποι ἐδήλωσαν ὅτι ἡ συνεργασία θὰ συνεχισθῇ ἐπὶ τῇ βάσει τῶν ἀρχῶν τοῦ Χάρτου.

ΑΘΗΝΑΙ, 12.— Ὁ ἀνταποκριτὴς μας πληροφορεῖ ὅτι κατὰ τὴν χθεσινὴν συνεδρίασιν ἀπεφασίσθη ὅπως αἱ ἐργασίαι συνεχισθοῦν ἀπὸ τῆς προσεχοῦς ἑβδομάδος. Ἡ κυβέρνησις ἐξέδωσεν ἀνακοινωθὲν διὰ τοῦ ὁποίου τονίζεται ὅτι τὰ μέτρα θὰ ἐφαρμοσθοῦν ἀμέσως. Κατὰ πληροφορίας ἐκ τῆς πρωτευούσης, αἱ διαπραγματεύσεις συνεχίζονται μὲ ἐπιτυχίαν καὶ ἀναμένεται ὅτι θὰ ὁλοκληρωθοῦν ἐντὸς τῶν προσεχῶν ἡμερῶν. Οἱ ἀντιπρόσωποι ἐδήλωσαν ὅτι ἡ συνεργασία θὰ συνεχισθῇ ἐπὶ τῇ βάσει τῶν ἀρχῶν τοῦ Χάρτου.

Η ΣΤΑΣΙΣ ΤΩΝ ΙΝΔΙΩΝ

ΑΘΗΝΑΙ, 12.— Ὁ ἀνταποκριτὴς μας πληροφορεῖ ὅτι κατὰ τὴν χθεσινὴν συνεδρίασιν ἀπεφασίσθη ὅπως αἱ ἐργασίαι συνεχισθοῦν ἀπὸ τῆς προσεχοῦς ἑβδομάδος. Ἡ κυβέρνησις ἐξέδωσεν ἀνακοινωθὲν διὰ τοῦ ὁποίου τονίζεται ὅτι τὰ μέτρα θὰ ἐφαρμοσθοῦν ἀμέσως. Κατὰ πληροφορίας ἐκ τῆς πρωτευούσης, αἱ διαπραγματεύσεις συνεχίζονται μὲ ἐπιτυχίαν καὶ ἀναμένεται ὅτι θὰ ὁλοκληρωθοῦν ἐντὸς τῶν προσεχῶν ἡμερῶν. Οἱ ἀντιπρόσωποι ἐδήλωσαν ὅτι ἡ συνεργασία θὰ συνεχισθῇ ἐπὶ τῇ βάσει τῶν ἀρχῶν τοῦ Χάρτου.

Νέος λόγος τοῦ Ρώσσου πρωθυπουργοῦ

Η ΣΟΒ. ΕΝΩΣΙΣ ΔΕΝ ΕΧΕΙ ΑΝΑΓΚΗΝ ΠΟΛΕΜΟΥ ΔΙΑ ΝΑ ΕΞΑΣΦΑΛΙΣΗ ΤΗΝ ΝΙΚΗΝ ΤΗΣ ΔΙΕΚΗΡΥΞΕΝ Ο ΚΡΟΥΣΤΣΕΦ ΕΙΣ ΤΥΦΛΙΔΑ

Θυελλώδεις ἐπευφημίαι ὑπὲρ τοῦ Στάλιν

ὅταν τὸν ἐχαρακτήρισεν «ἔξοχον ἡγέτην»

ΑΘΗΝΑΙ, 12.— Ὁ ἀνταποκριτὴς μας πληροφορεῖ ὅτι κατὰ τὴν χθεσινὴν συνεδρίασιν ἀπεφασίσθη ὅπως αἱ ἐργασίαι συνεχισθοῦν ἀπὸ τῆς προσεχοῦς ἑβδομάδος. Ἡ κυβέρνησις ἐξέδωσεν ἀνακοινωθὲν διὰ τοῦ ὁποίου τονίζεται ὅτι τὰ μέτρα θὰ ἐφαρμοσθοῦν ἀμέσως. Κατὰ πληροφορίας ἐκ τῆς πρωτευούσης, αἱ διαπραγματεύσεις συνεχίζονται μὲ ἐπιτυχίαν καὶ ἀναμένεται ὅτι θὰ ὁλοκληρωθοῦν ἐντὸς τῶν προσεχῶν ἡμερῶν. Οἱ ἀντιπρόσωποι ἐδήλωσαν ὅτι ἡ συνεργασία θὰ συνεχισθῇ ἐπὶ τῇ βάσει τῶν ἀρχῶν τοῦ Χάρτου.

ΑΘΗΝΑΙ, 12.— Ὁ ἀνταποκριτὴς μας πληροφορεῖ ὅτι κατὰ τὴν χθεσινὴν συνεδρίασιν ἀπεφασίσθη ὅπως αἱ ἐργασίαι συνεχισθοῦν ἀπὸ τῆς προσεχοῦς ἑβδομάδος. Ἡ κυβέρνησις ἐξέδωσεν ἀνακοινωθὲν διὰ τοῦ ὁποίου τονίζεται ὅτι τὰ μέτρα θὰ ἐφαρμοσθοῦν ἀμέσως. Κατὰ πληροφορίας ἐκ τῆς πρωτευούσης, αἱ διαπραγματεύσεις συνεχίζονται μὲ ἐπιτυχίαν καὶ ἀναμένεται ὅτι θὰ ὁλοκληρωθοῦν ἐντὸς τῶν προσεχῶν ἡμερῶν. Οἱ ἀντιπρόσωποι ἐδήλωσαν ὅτι ἡ συνεργασία θὰ συνεχισθῇ ἐπὶ τῇ βάσει τῶν ἀρχῶν τοῦ Χάρτου.

ΑΘΗΝΑΙ, 12.— Ὁ ἀνταποκριτὴς μας πληροφορεῖ ὅτι κατὰ τὴν χθεσινὴν συνεδρίασιν ἀπεφασίσθη ὅπως αἱ ἐργασίαι συνεχισθοῦν ἀπὸ τῆς προσεχοῦς ἑβδομάδος. Ἡ κυβέρνησις ἐξέδωσεν ἀνακοινωθὲν διὰ τοῦ ὁποίου τονίζεται ὅτι τὰ μέτρα θὰ ἐφαρμοσθοῦν ἀμέσως. Κατὰ πληροφορίας ἐκ τῆς πρωτευούσης, αἱ διαπραγματεύσεις συνεχίζονται μὲ ἐπιτυχίαν καὶ ἀναμένεται ὅτι θὰ ὁλοκληρωθοῦν ἐντὸς τῶν προσεχῶν ἡμερῶν. Οἱ ἀντιπρόσωποι ἐδήλωσαν ὅτι ἡ συνεργασία θὰ συνεχισθῇ ἐπὶ τῇ βάσει τῶν ἀρχῶν τοῦ Χάρτου.

ΔΙΑ ΤΟΝ ΣΤΑΛΙΝ

ΑΚΡΙΒΗ ΘΕΩΡΕΙ Η ΓΣΕΕ ΤΑ ΠΕΡΙ ΔΙΑΙΤΗΤΟΥ ΤΟΥ κ. ΔΗΜΗΤΡΑΤΟΥ

ΖΗΤΕΙ ΝΑ ΓΙΝΗ ΕΡΕΥΝΑ ΕΙΣ ΤΟ ΤΑΜΕΙΟΝ ΔΟΜΙΚΩΝ

ΑΘΗΝΑΙ, 12.— Ὁ ἀνταποκριτὴς μας πληροφορεῖ ὅτι κατὰ τὴν χθεσινὴν συνεδρίασιν ἀπεφασίσθη ὅπως αἱ ἐργασίαι συνεχισθοῦν ἀπὸ τῆς προσεχοῦς ἑβδομάδος. Ἡ κυβέρνησις ἐξέδωσεν ἀνακοινωθὲν διὰ τοῦ ὁποίου τονίζεται ὅτι τὰ μέτρα θὰ ἐφαρμοσθοῦν ἀμέσως. Κατὰ πληροφορίας ἐκ τῆς πρωτευούσης, αἱ διαπραγματεύσεις συνεχίζονται μὲ ἐπιτυχίαν καὶ ἀναμένεται ὅτι θὰ ὁλοκληρωθοῦν ἐντὸς τῶν προσεχῶν ἡμερῶν. Οἱ ἀντιπρόσωποι ἐδήλωσαν ὅτι ἡ συνεργασία θὰ συνεχισθῇ ἐπὶ τῇ βάσει τῶν ἀρχῶν τοῦ Χάρτου.

ΑΘΗΝΑΙ, 12.— Ὁ ἀνταποκριτὴς μας πληροφορεῖ ὅτι κατὰ τὴν χθεσινὴν συνεδρίασιν ἀπεφασίσθη ὅπως αἱ ἐργασίαι συνεχισθοῦν ἀπὸ τῆς προσεχοῦς ἑβδομάδος. Ἡ κυβέρνησις ἐξέδωσεν ἀνακοινωθὲν διὰ τοῦ ὁποίου τονίζεται ὅτι τὰ μέτρα θὰ ἐφαρμοσθοῦν ἀμέσως. Κατὰ πληροφορίας ἐκ τῆς πρωτευούσης, αἱ διαπραγματεύσεις συνεχίζονται μὲ ἐπιτυχίαν καὶ ἀναμένεται ὅτι θὰ ὁλοκληρωθοῦν ἐντὸς τῶν προσεχῶν ἡμερῶν. Οἱ ἀντιπρόσωποι ἐδήλωσαν ὅτι ἡ συνεργασία θὰ συνεχισθῇ ἐπὶ τῇ βάσει τῶν ἀρχῶν τοῦ Χάρτου.

ΝΗΟΦΙΑΝ ΥΠΕΣΤΗ ΓΙΟΥΓΚΟΣΛΑΒΙΚΟΝ ΑΠΟ ΓΑΛΛΙΚΑ ΠΟΛΕΜΙΚΑ

ΑΘΗΝΑΙ, 12.— Ὁ ἀνταποκριτὴς μας πληροφορεῖ ὅτι κατὰ τὴν χθεσινὴν συνεδρίασιν ἀπεφασίσθη ὅπως αἱ ἐργασίαι συνεχισθοῦν ἀπὸ τῆς προσεχοῦς ἑβδομάδος. Ἡ κυβέρνησις ἐξέδωσεν ἀνακοινωθὲν διὰ τοῦ ὁποίου τονίζεται ὅτι τὰ μέτρα θὰ ἐφαρμοσθοῦν ἀμέσως. Κατὰ πληροφορίας ἐκ τῆς πρωτευούσης, αἱ διαπραγματεύσεις συνεχίζονται μὲ ἐπιτυχίαν καὶ ἀναμένεται ὅτι θὰ ὁλοκληρωθοῦν ἐντὸς τῶν προσεχῶν ἡμερῶν. Οἱ ἀντιπρόσωποι ἐδήλωσαν ὅτι ἡ συνεργασία θὰ συνεχισθῇ ἐπὶ τῇ βάσει τῶν ἀρχῶν τοῦ Χάρτου.

ΣΥΣΚΕΨΙΣ ΕΠΙΘΕΩΡΗΤΩΝ ΔΗΜΟΣΙΩΝ ΕΡΓΩΝ ΥΠΟ ΤΟΥ κ. ΓΚΙΚΑ

ΑΘΗΝΑΙ, 12.— Ὁ ἀνταποκριτὴς μας πληροφορεῖ ὅτι κατὰ τὴν χθεσινὴν συνεδρίασιν ἀπεφασίσθη ὅπως αἱ ἐργασίαι συνεχισθοῦν ἀπὸ τῆς προσεχοῦς ἑβδομάδος. Ἡ κυβέρνησις ἐξέδωσεν ἀνακοινωθὲν διὰ τοῦ ὁποίου τονίζεται ὅτι τὰ μέτρα θὰ ἐφαρμοσθοῦν ἀμέσως. Κατὰ πληροφορίας ἐκ τῆς πρωτευούσης, αἱ διαπραγματεύσεις συνεχίζονται μὲ ἐπιτυχίαν καὶ ἀναμένεται ὅτι θὰ ὁλοκληρωθοῦν ἐντὸς τῶν προσεχῶν ἡμερῶν. Οἱ ἀντιπρόσωποι ἐδήλωσαν ὅτι ἡ συνεργασία θὰ συνεχισθῇ ἐπὶ τῇ βάσει τῶν ἀρχῶν τοῦ Χάρτου.

ΟΙ ΙΔΙΩΤΙΚΟΙ ΕΚΠΑΙΔΕΥΤΑΙ

ΑΘΗΝΑΙ, 12.— Ὁ ἀνταποκριτὴς μας πληροφορεῖ ὅτι κατὰ τὴν χθεσινὴν συνεδρίασιν ἀπεφασίσθη ὅπως αἱ ἐργασίαι συνεχισθοῦν ἀπὸ τῆς προσεχοῦς ἑβδομάδος. Ἡ κυβέρνησις ἐξέδωσεν ἀνακοινωθὲν διὰ τοῦ ὁποίου τονίζεται ὅτι τὰ μέτρα θὰ ἐφαρμοσθοῦν ἀμέσως. Κατὰ πληροφορίας ἐκ τῆς πρωτευούσης, αἱ διαπραγματεύσεις συνεχίζονται μὲ ἐπιτυχίαν καὶ ἀναμένεται ὅτι θὰ ὁλοκληρωθοῦν ἐντὸς τῶν προσεχῶν ἡμερῶν. Οἱ ἀντιπρόσωποι ἐδήλωσαν ὅτι ἡ συνεργασία θὰ συνεχισθῇ ἐπὶ τῇ βάσει τῶν ἀρχῶν τοῦ Χάρτου.

ΕΟΡΤΑΣΙΣ ΕΙΣ ΛΟΝΔΙΝΟΝ ΤΩΝ ΑΓΙΩΝ ΚΩΝΣΤΑΝΤΙΝΟΥ

ΑΘΗΝΑΙ, 12.— Ὁ ἀνταποκριτὴς μας πληροφορεῖ ὅτι κατὰ τὴν χθεσινὴν συνεδρίασιν ἀπεφασίσθη ὅπως αἱ ἐργασίαι συνεχισθοῦν ἀπὸ τῆς προσεχοῦς ἑβδομάδος. Ἡ κυβέρνησις ἐξέδωσεν ἀνακοινωθὲν διὰ τοῦ ὁποίου τονίζεται ὅτι τὰ μέτρα θὰ ἐφαρμοσθοῦν ἀμέσως. Κατὰ πληροφορίας ἐκ τῆς πρωτευούσης, αἱ διαπραγματεύσεις συνεχίζονται μὲ ἐπιτυχίαν καὶ ἀναμένεται ὅτι θὰ ὁλοκληρωθοῦν ἐντὸς τῶν προσεχῶν ἡμερῶν. Οἱ ἀντιπρόσωποι ἐδήλωσαν ὅτι ἡ συνεργασία θὰ συνεχισθῇ ἐπὶ τῇ βάσει τῶν ἀρχῶν τοῦ Χάρτου.

ΔΡΑΣΤΙΚΗΝ ΕΝΕΡΓΕΙΑΝ ΚΑΤΑ ΤΗΣ ΙΑΡΑΣ

ΕΙΝΑΙ ΠΑΡΑΤΕΤΑΜΕΝΗΣ ΑΠΟΤΕΛΕΣΜΑΤΙΚΟΤΗΤΟΣ

ΑΘΗΝΑΙ, 12.— Ὁ ἀνταποκριτὴς μας πληροφορεῖ ὅτι κατὰ τὴν χθεσινὴν συνεδρίασιν ἀπεφασίσθη ὅπως αἱ ἐργασίαι συνεχισθοῦν ἀπὸ τῆς προσεχοῦς ἑβδομάδος. Ἡ κυβέρνησις ἐξέδωσεν ἀνακοινωθὲν διὰ τοῦ ὁποίου τονίζεται ὅτι τὰ μέτρα θὰ ἐφαρμοσθοῦν ἀμέσως. Κατὰ πληροφορίας ἐκ τῆς πρωτευούσης, αἱ διαπραγματεύσεις συνεχίζονται μὲ ἐπιτυχίαν καὶ ἀναμένεται ὅτι θὰ ὁλοκληρωθοῦν ἐντὸς τῶν προσεχῶν ἡμερῶν. Οἱ ἀντιπρόσωποι ἐδήλωσαν ὅτι ἡ συνεργασία θὰ συνεχισθῇ ἐπὶ τῇ βάσει τῶν ἀρχῶν τοῦ Χάρτου.

ΑΘΗΝΑΙ, 12.— Ὁ ἀνταποκριτὴς μας πληροφορεῖ ὅτι κατὰ τὴν χθεσινὴν συνεδρίασιν ἀπεφασίσθη ὅπως αἱ ἐργασίαι συνεχισθοῦν ἀπὸ τῆς προσεχοῦς ἑβδομάδος. Ἡ κυβέρνησις ἐξέδωσεν ἀνακοινωθὲν διὰ τοῦ ὁποίου τονίζεται ὅτι τὰ μέτρα θὰ ἐφαρμοσθοῦν ἀμέσως. Κατὰ πληροφορίας ἐκ τῆς πρωτευούσης, αἱ διαπραγματεύσεις συνεχίζονται μὲ ἐπιτυχίαν καὶ ἀναμένεται ὅτι θὰ ὁλοκληρωθοῦν ἐντὸς τῶν προσεχῶν ἡμερῶν. Οἱ ἀντιπρόσωποι ἐδήλωσαν ὅτι ἡ συνεργασία θὰ συνεχισθῇ ἐπὶ τῇ βάσει τῶν ἀρχῶν τοῦ Χάρτου.

ΑΘΗΝΑΙ, 12.— Ὁ ἀνταποκριτὴς μας πληροφορεῖ ὅτι κατὰ τὴν χθεσινὴν συνεδρίασιν ἀπεφασίσθη ὅπως αἱ ἐργασίαι συνεχισθοῦν ἀπὸ τῆς προσεχοῦς ἑβδομάδος. Ἡ κυβέρνησις ἐξέδωσεν ἀνακοινωθὲν διὰ τοῦ ὁποίου τονίζεται ὅτι τὰ μέτρα θὰ ἐφαρμοσθοῦν ἀμέσως. Κατὰ πληροφορίας ἐκ τῆς πρωτευούσης, αἱ διαπραγματεύσεις συνεχίζονται μὲ ἐπιτυχίαν καὶ ἀναμένεται ὅτι θὰ ὁλοκληρωθοῦν ἐντὸς τῶν προσεχῶν ἡμερῶν. Οἱ ἀντιπρόσωποι ἐδήλωσαν ὅτι ἡ συνεργασία θὰ συνεχισθῇ ἐπὶ τῇ βάσει τῶν ἀρχῶν τοῦ Χάρτου.

ΑΘΗΝΑΙ, 12.— Ὁ ἀνταποκριτὴς μας πληροφορεῖ ὅτι κατὰ τὴν χθεσινὴν συνεδρίασιν ἀπεφασίσθη ὅπως αἱ ἐργασίαι συνεχισθοῦν ἀπὸ τῆς προσεχοῦς ἑβδομάδος. Ἡ κυβέρνησις ἐξέδωσεν ἀνακοινωθὲν διὰ τοῦ ὁποίου τονίζεται ὅτι τὰ μέτρα θὰ ἐφαρμοσθοῦν ἀμέσως. Κατὰ πληροφορίας ἐκ τῆς πρωτευούσης, αἱ διαπραγματεύσεις συνεχίζονται μὲ ἐπιτυχίαν καὶ ἀναμένεται ὅτι θὰ ὁλοκληρωθοῦν ἐντὸς τῶν προσεχῶν ἡμερῶν. Οἱ ἀντιπρόσωποι ἐδήλωσαν ὅτι ἡ συνεργασία θὰ συνεχισθῇ ἐπὶ τῇ βάσει τῶν ἀρχῶν τοῦ Χάρτου.

ΑΘΗΝΑΙ, 12.— Ὁ ἀνταποκριτὴς μας πληροφορεῖ ὅτι κατὰ τὴν χθεσινὴν συνεδρίασιν ἀπεφασίσθη ὅπως αἱ ἐργασίαι συνεχισθοῦν ἀπὸ τῆς προσεχοῦς ἑβδομάδος. Ἡ κυβέρνησις ἐξέδωσεν ἀνακοινωθὲν διὰ τοῦ ὁποίου τονίζεται ὅτι τὰ μέτρα θὰ ἐφαρμοσθοῦν ἀμέσως. Κατὰ πληροφορίας ἐκ τῆς πρωτευούσης, αἱ διαπραγματεύσεις συνεχίζονται μὲ ἐπιτυχίαν καὶ ἀναμένεται ὅτι θὰ ὁλοκληρωθοῦν ἐντὸς τῶν προσεχῶν ἡμερῶν. Οἱ ἀντιπρόσωποι ἐδήλωσαν ὅτι ἡ συνεργασία θὰ συνεχισθῇ ἐπὶ τῇ βάσει τῶν ἀρχῶν τοῦ Χάρτου.

ΑΙ ΗΝ. ΠΟΛΙΤΕΙΑΙ ΑΝΑΛΑΜΒΑΝΟΥΝ ΤΗΝ ΕΚΠΑΙΔΕΥΣΙΝ ΚΑΙ ΤΟΝ ΕΦΟΔΙΑΣΜΟΝ ΤΟΥ ΣΤΡΑΤΟΥ ΤΟΥ ΒΙΕΤΝΑΜ

ΔΕΝ ΘΑ ΑΠΟΣΤΑΛΟΥΝ ΑΜΕΡΙΚΑΝΙΚΑ ΣΤΡΑΤΕΥΜΑΤΑ

ΑΘΗΝΑΙ, 12.— Ὁ ἀνταποκριτὴς μας πληροφορεῖ ὅτι κατὰ τὴν χθεσινὴν συνεδρίασιν ἀπεφασίσθη ὅπως αἱ ἐργασίαι συνεχισθοῦν ἀπὸ τῆς προσεχοῦς ἑβδομάδος. Ἡ κυβέρνησις ἐξέδωσεν ἀνακοινωθὲν διὰ τοῦ ὁποίου τονίζεται ὅτι τὰ μέτρα θὰ ἐφαρμοσθοῦν ἀμέσως. Κατὰ πληροφορίας ἐκ τῆς πρωτευούσης, αἱ διαπραγματεύσεις συνεχίζονται μὲ ἐπιτυχίαν καὶ ἀναμένεται ὅτι θὰ ὁλοκληρωθοῦν ἐντὸς τῶν προσεχῶν ἡμερῶν. Οἱ ἀντιπρόσωποι ἐδήλωσαν ὅτι ἡ συνεργασία θὰ συνεχισθῇ ἐπὶ τῇ βάσει τῶν ἀρχῶν τοῦ Χάρτου.

ΑΘΗΝΑΙ, 12.— Ὁ ἀνταποκριτὴς μας πληροφορεῖ ὅτι κατὰ τὴν χθεσινὴν συνεδρίασιν ἀπεφασίσθη ὅπως αἱ ἐργασίαι συνεχισθοῦν ἀπὸ τῆς προσεχοῦς ἑβδομάδος. Ἡ κυβέρνησις ἐξέδωσεν ἀνακοινωθὲν διὰ τοῦ ὁποίου τονίζεται ὅτι τὰ μέτρα θὰ ἐφαρμοσθοῦν ἀμέσως. Κατὰ πληροφορίας ἐκ τῆς πρωτευούσης, αἱ διαπραγματεύσεις συνεχίζονται μὲ ἐπιτυχίαν καὶ ἀναμένεται ὅτι θὰ ὁλοκληρωθοῦν ἐντὸς τῶν προσεχῶν ἡμερῶν. Οἱ ἀντιπρόσωποι ἐδήλωσαν ὅτι ἡ συνεργασία θὰ συνεχισθῇ ἐπὶ τῇ βάσει τῶν ἀρχῶν τοῦ Χάρτου.

ΑΘΗΝΑΙ, 12.— Ὁ ἀνταποκριτὴς μας πληροφορεῖ ὅτι κατὰ τὴν χθεσινὴν συνεδρίασιν ἀπεφασίσθη ὅπως αἱ ἐργασίαι συνεχισθοῦν ἀπὸ τῆς προσεχοῦς ἑβδομάδος. Ἡ κυβέρνησις ἐξέδωσεν ἀνακοινωθὲν διὰ τοῦ ὁποίου τονίζεται ὅτι τὰ μέτρα θὰ ἐφαρμοσθοῦν ἀμέσως. Κατὰ πληροφορίας ἐκ τῆς πρωτευούσης, αἱ διαπραγματεύσεις συνεχίζονται μὲ ἐπιτυχίαν καὶ ἀναμένεται ὅτι θὰ ὁλοκληρωθοῦν ἐντὸς τῶν προσεχῶν ἡμερῶν. Οἱ ἀντιπρόσωποι ἐδήλωσαν ὅτι ἡ συνεργασία θὰ συνεχισθῇ ἐπὶ τῇ βάσει τῶν ἀρχῶν τοῦ Χάρτου.

ΑΘΗΝΑΙ, 12.— Ὁ ἀνταποκριτὴς μας πληροφορεῖ ὅτι κατὰ τὴν χθεσινὴν συνεδρίασιν ἀπεφασίσθη ὅπως αἱ ἐργασίαι συνεχισθοῦν ἀπὸ τῆς προσεχοῦς ἑβδομάδος. Ἡ κυβέρνησις ἐξέδωσεν ἀνακοινωθὲν διὰ τοῦ ὁποίου τονίζεται ὅτι τὰ μέτρα θὰ ἐφαρμοσθοῦν ἀμέσως. Κατὰ πληροφορίας ἐκ τῆς πρωτευούσης, αἱ διαπραγματεύσεις συνεχίζονται μὲ ἐπιτυχίαν καὶ ἀναμένεται ὅτι θὰ ὁλοκληρωθοῦν ἐντὸς τῶν προσεχῶν ἡμερῶν. Οἱ ἀντιπρόσωποι ἐδήλωσαν ὅτι ἡ συνεργασία θὰ συνεχισθῇ ἐπὶ τῇ βάσει τῶν ἀρχῶν τοῦ Χάρτου.

ΤΟ ΙΣΤ' ΣΥΝΕΔΡΙΟΝ ΤΟΥ Κ. Κ. ΤΗΣ ΓΑΛΛΙΑΣ ΣΥΝΕΧΙΖΕΙ ΤΑΣ ΕΡΓΑΣΙΑΣ ΤΟΥ ΕΙΣ ΣΑΙΝ ΝΤΕΝΙ

ΑΘΗΝΑΙ, 12.— Ὁ ἀνταποκριτὴς μας πληροφορεῖ ὅτι κατὰ τὴν χθεσινὴν συνεδρίασιν ἀπεφασίσθη ὅπως αἱ ἐργασίαι συνεχισθοῦν ἀπὸ τῆς προσεχοῦς ἑβδομάδος. Ἡ κυβέρνησις ἐξέδωσεν ἀνακοινωθὲν διὰ τοῦ ὁποίου τονίζεται ὅτι τὰ μέτρα θὰ ἐφαρμοσθοῦν ἀμέσως. Κατὰ πληροφορίας ἐκ τῆς πρωτευούσης, αἱ διαπραγματεύσεις συνεχίζονται μὲ ἐπιτυχίαν καὶ ἀναμένεται ὅτι θὰ ὁλοκληρωθοῦν ἐντὸς τῶν προσεχῶν ἡμερῶν. Οἱ ἀντιπρόσωποι ἐδήλωσαν ὅτι ἡ συνεργασία θὰ συνεχισθῇ ἐπὶ τῇ βάσει τῶν ἀρχῶν τοῦ Χάρτου.

ΑΘΗΝΑΙ, 12.— Ὁ ἀνταποκριτὴς μας πληροφορεῖ ὅτι κατὰ τὴν χθεσινὴν συνεδρίασιν ἀπεφασίσθη ὅπως αἱ ἐργασίαι συνεχισθοῦν ἀπὸ τῆς προσεχοῦς ἑβδομάδος. Ἡ κυβέρνησις ἐξέδωσεν ἀνακοινωθὲν διὰ τοῦ ὁποίου τονίζεται ὅτι τὰ μέτρα θὰ ἐφαρμοσθοῦν ἀμέσως. Κατὰ πληροφορίας ἐκ τῆς πρωτευούσης, αἱ διαπραγματεύσεις συνεχίζονται μὲ ἐπιτυχίαν καὶ ἀναμένεται ὅτι θὰ ὁλοκληρωθοῦν ἐντὸς τῶν προσεχῶν ἡμερῶν. Οἱ ἀντιπρόσωποι ἐδήλωσαν ὅτι ἡ συνεργασία θὰ συνεχισθῇ ἐπὶ τῇ βάσει τῶν ἀρχῶν τοῦ Χάρτου.

ΑΙ ΟΙΚΟΓΕΝΕΙΑΙ ΕΞΟΡΙΣΤΩΝ ΔΙΑΜΑΡΤΥΡΟΝΤΑΙ ΔΙΑ ΤΗΝ ΚΑΚΟΠΟΙΗΣΙΝ ΠΟΛΛΩΝ ΜΕΛΩΝ ΤΩΝ

ΑΘΗΝΑΙ, 12.— Ὁ ἀνταποκριτὴς μας πληροφορεῖ ὅτι κατὰ τὴν χθεσινὴν συνεδρίασιν ἀπεφασίσθη ὅπως αἱ ἐργασίαι συνεχισθοῦν ἀπὸ τῆς προσεχοῦς ἑβδομάδος. Ἡ κυβέρνησις ἐξέδωσεν ἀνακοινωθὲν διὰ τοῦ ὁποίου τονίζεται ὅτι τὰ μέτρα θὰ ἐφαρμοσθοῦν ἀμέσως. Κατὰ πληροφορίας ἐκ τῆς πρωτευούσης, αἱ διαπραγματεύσεις συνεχίζονται μὲ ἐπιτυχίαν καὶ ἀναμένεται ὅτι θὰ ὁλοκληρωθοῦν ἐντὸς τῶν προσεχῶν ἡμερῶν. Οἱ ἀντιπρόσωποι ἐδήλωσαν ὅτι ἡ συνεργασία θὰ συνεχισθῇ ἐπὶ τῇ βάσει τῶν ἀρχῶν τοῦ Χάρτου.

ΑΘΗΝΑΙ, 12.— Ὁ ἀνταποκριτὴς μας πληροφορεῖ ὅτι κατὰ τὴν χθεσινὴν συνεδρίασιν ἀπεφασίσθη ὅπως αἱ ἐργασίαι συνεχισθοῦν ἀπὸ τῆς προσεχοῦς ἑβδομάδος. Ἡ κυβέρνησις ἐξέδωσεν ἀνακοινωθὲν διὰ τοῦ ὁποίου τονίζεται ὅτι τὰ μέτρα θὰ ἐφαρμοσθοῦν ἀμέσως. Κατὰ πληροφορίας ἐκ τῆς πρωτευούσης, αἱ διαπραγματεύσεις συνεχίζονται μὲ ἐπιτυχίαν καὶ ἀναμένεται ὅτι θὰ ὁλοκληρωθοῦν ἐντὸς τῶν προσεχῶν ἡμερῶν. Οἱ ἀντιπρόσωποι ἐδήλωσαν ὅτι ἡ συνεργασία θὰ συνεχισθῇ ἐπὶ τῇ βάσει τῶν ἀρχῶν τοῦ Χάρτου.

ΟΥΔΕΜΙΑ ΣΑΦΗΣ ΠΡΟΒΛΕΨΙΣ ΔΥΝΑΤΑΙ ΝΑ ΓΙΝΗ ΠΕΡΙ ΤΗΣ ΜΟΡΦΗΣ ΚΑΙ ΕΚΤΑΣΕΩΣ ΤΗΣ ΒΟΗΘΕΙΑΣ

ΑΘΗΝΑΙ, 12.— Ὁ ἀνταποκριτὴς μας πληροφορεῖ ὅτι κατὰ τὴν χθεσινὴν συνεδρίασιν ἀπεφασίσθη ὅπως αἱ ἐργασίαι συνεχισθοῦν ἀπὸ τῆς προσεχοῦς ἑβδομάδος. Ἡ κυβέρνησις ἐξέδωσεν ἀνακοινωθὲν διὰ τοῦ ὁποίου τονίζεται ὅτι τὰ μέτρα θὰ ἐφαρμοσθοῦν ἀμέσως. Κατὰ πληροφορίας ἐκ τῆς πρωτευούσης, αἱ διαπραγματεύσεις συνεχίζονται μὲ ἐπιτυχίαν καὶ ἀναμένεται ὅτι θὰ ὁλοκληρωθοῦν ἐντὸς τῶν προσεχῶν ἡμερῶν. Οἱ ἀντιπρόσωποι ἐδήλωσαν ὅτι ἡ συνεργασία θὰ συνεχισθῇ ἐπὶ τῇ βάσει τῶν ἀρχῶν τοῦ Χάρτου.

ΑΘΗΝΑΙ, 12.— Ὁ ἀνταποκριτὴς μας πληροφορεῖ ὅτι κατὰ τὴν χθεσινὴν συνεδρίασιν ἀπεφασίσθη ὅπως αἱ ἐργασίαι συνεχισθοῦν ἀπὸ τῆς προσεχοῦς ἑβδομάδος. Ἡ κυβέρνησις ἐξέδωσεν ἀνακοινωθὲν διὰ τοῦ ὁποίου τονίζεται ὅτι τὰ μέτρα θὰ ἐφαρμοσθοῦν ἀμέσως. Κατὰ πληροφορίας ἐκ τῆς πρωτευούσης, αἱ διαπραγματεύσεις συνεχίζονται μὲ ἐπιτυχίαν καὶ ἀναμένεται ὅτι θὰ ὁλοκληρωθοῦν ἐντὸς τῶν προσεχῶν ἡμερῶν. Οἱ ἀντιπρόσωποι ἐδήλωσαν ὅτι ἡ συνεργασία θὰ συνεχισθῇ ἐπὶ τῇ βάσει τῶν ἀρχῶν τοῦ Χάρτου.

ΠΩΣ ΕΞΗΠΑΤΩΝ ΟΙ ΧΙΤΛΕΡΙΚΟΙ ΤΟΝ ΔΙΕΘΝΗ ΕΡΥΘΡΟΝ ΣΤΑΥΡΟΝ ΜΕ ΤΗΝ "ΠΡΟΘΗΚΗΝ" ΕΙΣ ΠΡΑΓΑΝ

ΑΘΗΝΑΙ, 12.— Ὁ ἀνταποκριτὴς μας πληροφορεῖ ὅτι κατὰ τὴν χθεσινὴν συνεδρίασιν ἀπεφασίσθη ὅπως αἱ ἐργασίαι συνεχισθοῦν ἀπὸ τῆς προσεχοῦς ἑβδομάδος. Ἡ κυβέρνησις ἐξέδωσεν ἀνακοινωθὲν διὰ τοῦ ὁποίου τονίζεται ὅτι τὰ μέτρα θὰ ἐφαρμοσθοῦν ἀμέσως. Κατὰ πληροφορίας ἐκ τῆς πρωτευούσης, αἱ διαπραγματεύσεις συνεχίζονται μὲ ἐπιτυχίαν καὶ ἀναμένεται ὅτι θὰ ὁλοκληρωθοῦν ἐντὸς τῶν προσεχῶν ἡμερῶν. Οἱ ἀντιπρόσωποι ἐδήλωσαν ὅτι ἡ συνεργασία θὰ συνεχισθῇ ἐπὶ τῇ βάσει τῶν ἀρχῶν τοῦ Χάρτου.

ΑΘΗΝΑΙ, 12.— Ὁ ἀνταποκριτὴς μας πληροφορεῖ ὅτι κατὰ τὴν χθεσινὴν συνεδρίασιν ἀπεφασίσθη ὅπως αἱ ἐργασίαι συνεχισθοῦν ἀπὸ τῆς προσεχοῦς ἑβδομάδος. Ἡ κυβέρνησις ἐξέδωσεν ἀνακοινωθὲν διὰ τοῦ ὁποίου τονίζεται ὅτι τὰ μέτρα θὰ ἐφαρμοσθοῦν ἀμέσως. Κατὰ πληροφορίας ἐκ τῆς πρωτευούσης, αἱ διαπραγματεύσεις συνεχίζονται μὲ ἐπιτυχίαν καὶ ἀναμένεται ὅτι θὰ ὁλοκληρωθοῦν ἐντὸς τῶν προσεχῶν ἡμερῶν. Οἱ ἀντιπρόσωποι ἐδήλωσαν ὅτι ἡ συνεργασία θὰ συνεχισθῇ ἐπὶ τῇ βάσει τῶν ἀρχῶν τοῦ Χάρτου.

ΑΘΗΝΑΙ, 12.— Ὁ ἀνταποκριτὴς μας πληροφορεῖ ὅτι κατὰ τὴν χθεσινὴν συνεδρίασιν ἀπεφασίσθη ὅπως αἱ ἐργασίαι συνεχισθοῦν ἀπὸ τῆς προσεχοῦς ἑβδομάδος. Ἡ κυβέρνησις ἐξέδωσεν ἀνακοινωθὲν διὰ τοῦ ὁποίου τονίζεται ὅτι τὰ μέτρα θὰ ἐφαρμοσθοῦν ἀμέσως. Κατὰ πληροφορίας ἐκ τῆς πρωτευούσης, αἱ διαπραγματεύσεις συνεχίζονται μὲ ἐπιτυχίαν καὶ ἀναμένεται ὅτι θὰ ὁλοκληρωθοῦν ἐντὸς τῶν προσεχῶν ἡμερῶν. Οἱ ἀντιπρόσωποι ἐδήλωσαν ὅτι ἡ συνεργασία θὰ συνεχισθῇ ἐπὶ τῇ βάσει τῶν ἀρχῶν τοῦ Χάρτου.

ΑΘΗΝΑΙ, 12.— Ὁ ἀνταποκριτὴς μας πληροφορεῖ ὅτι κατὰ τὴν χθεσινὴν συνεδρίασιν ἀπεφασίσθη ὅπως αἱ ἐργασίαι συνεχισθοῦν ἀπὸ τῆς προσεχοῦς ἑβδομάδος. Ἡ κυβέρνησις ἐξέδωσεν ἀνακοινωθὲν διὰ τοῦ ὁποίου τονίζεται ὅτι τὰ μέτρα θὰ ἐφαρμοσθοῦν ἀμέσως. Κατὰ πληροφορίας ἐκ τῆς πρωτευούσης, αἱ διαπραγματεύσεις συνεχίζονται μὲ ἐπιτυχίαν καὶ ἀναμένεται ὅτι θὰ ὁλοκληρωθοῦν ἐντὸς τῶν προσεχῶν ἡμερῶν. Οἱ ἀντιπρόσωποι ἐδήλωσαν ὅτι ἡ συνεργασία θὰ συνεχισθῇ ἐπὶ τῇ βάσει τῶν ἀρχῶν τοῦ Χάρτου.

ΑΘΗΝΑΙ, 12.— Ὁ ἀνταποκριτὴς μας πληροφορεῖ ὅτι κατὰ τὴν χθεσινὴν συνεδρίασιν ἀπεφασίσθη ὅπως αἱ ἐργασίαι συνεχισθοῦν ἀπὸ τῆς προσεχοῦς ἑβδομάδος. Ἡ κυβέρνησις ἐξέδωσεν ἀνακοινωθὲν διὰ τοῦ ὁποίου τονίζεται ὅτι τὰ μέτρα θὰ ἐφαρμοσθοῦν ἀμέσως. Κατὰ πληροφορίας ἐκ τῆς πρωτευούσης, αἱ διαπραγματεύσεις συνεχίζονται μὲ ἐπιτυχίαν καὶ ἀναμένεται ὅτι θὰ ὁλοκληρωθοῦν ἐντὸς τῶν προσεχῶν ἡμερῶν. Οἱ ἀντιπρόσωποι ἐδήλωσαν ὅτι ἡ συνεργασία θὰ συνεχισθῇ ἐπὶ τῇ βάσει τῶν ἀρχῶν τοῦ Χάρτου.

ΑΘΗΝΑΙ, 12.— Ὁ ἀνταποκριτὴς μας πληροφορεῖ ὅτι κατὰ τὴν χθεσινὴν συνεδρίασιν ἀπεφασίσθη ὅπως αἱ ἐργασίαι συνεχισθοῦν ἀπὸ τῆς προσεχοῦς ἑβδομάδος. Ἡ κυβέρνησις ἐξέδωσεν ἀνακοινωθὲν διὰ τοῦ ὁποίου τονίζεται ὅτι τὰ μέτρα θὰ ἐφαρμοσθοῦν ἀμέσως. Κατὰ πληροφορίας ἐκ τῆς πρωτευούσης, αἱ διαπραγματεύσεις συνεχίζονται μὲ ἐπιτυχίαν καὶ ἀναμένεται ὅτι θὰ ὁλοκληρωθοῦν ἐντὸς τῶν προσεχῶν ἡμερῶν. Οἱ ἀντιπρόσωποι ἐδήλωσαν ὅτι ἡ συνεργασία θὰ συνεχισθῇ ἐπὶ τῇ βάσει τῶν ἀρχῶν τοῦ Χάρτου.

ΤΗΝ 20ΗΝ ΜΑΪΟΥ

Ο ΣΤΡΑΤΗΓΟΣ ΝΤΕ ΓΚΩΛ ΣΥΝΑΝΤΑΤΑΙ ΕΝ ΒΟΝΝΗ ΜΕΤΑ ΤΟΥ ΑΝΤΕΝΑΟΥΕΡ

"ΑΓ' ΕΠΙΣΚΕΨΙΝ ΕΡΓΑΣΙΑΣ"

ΑΘΗΝΑΙ, 12.— Ὁ ἀνταποκριτὴς μας πληροφορεῖ ὅτι κατὰ τὴν χθεσινὴν συνεδρίασιν ἀπεφασίσθη ὅπως αἱ ἐργασίαι συνεχισθοῦν ἀπὸ τῆς προσεχοῦς ἑβδομάδος. Ἡ κυβέρνησις ἐξέδωσεν ἀνακοινωθὲν διὰ τοῦ ὁποίου τονίζεται ὅτι τὰ μέτρα θὰ ἐφαρμοσθοῦν ἀμέσως. Κατὰ πληροφορίας ἐκ τῆς πρωτευούσης, αἱ διαπραγματεύσεις συνεχίζονται μὲ ἐπιτυχίαν καὶ ἀναμένεται ὅτι θὰ ὁλοκληρωθοῦν ἐντὸς τῶν προσεχῶν ἡμερῶν. Οἱ ἀντιπρόσωποι ἐδήλωσαν ὅτι ἡ συνεργασία θὰ συνεχισθῇ ἐπὶ τῇ βάσει τῶν ἀρχῶν τοῦ Χάρτου.

ΑΘΗΝΑΙ, 12.— Ὁ ἀνταποκριτὴς μας πληροφορεῖ ὅτι κατὰ τὴν χθεσινὴν συνεδρίασιν ἀπεφασίσθη ὅπως αἱ ἐργασίαι συνεχισθοῦν ἀπὸ τῆς προσεχοῦς ἑβδομάδος. Ἡ κυβέρνησις ἐξέδωσεν ἀνακοινωθὲν διὰ τοῦ ὁποίου τονίζεται ὅτι τὰ μέτρα θὰ ἐφαρμοσθοῦν ἀμέσως. Κατὰ πληροφορίας ἐκ τῆς πρωτευούσης, αἱ διαπραγματεύσεις συνεχίζονται μὲ ἐπιτυχίαν καὶ ἀναμένεται ὅτι θὰ ὁλοκληρωθοῦν ἐντὸς τῶν προσεχῶν ἡμερῶν. Οἱ ἀντιπρόσωποι ἐδήλωσαν ὅτι ἡ συνεργασία θὰ συνεχισθῇ ἐπὶ τῇ βάσει τῶν ἀρχῶν τοῦ Χάρτου.

Ο ΠΟΛΕΜΟΣ ΦΕΡΕΙ ΖΗΜΙΑΝ

ΑΘΗΝΑΙ, 12.— Ὁ ἀνταποκριτὴς μας πληροφορεῖ ὅτι κατὰ τὴν χθεσινὴν συνεδρίασιν ἀπεφασίσθη ὅπως αἱ ἐργασίαι συνεχισθοῦν ἀπὸ τῆς προσεχοῦς ἑβδομάδος. Ἡ κυβέρνησις ἐξέδωσεν ἀνακοινωθὲν διὰ τοῦ ὁποίου τονίζεται ὅτι τὰ μέτρα θὰ ἐφαρμοσθοῦν ἀμέσως. Κατὰ πληροφορίας ἐκ τῆς πρωτευούσης, αἱ διαπραγματεύσεις συνεχίζονται μὲ ἐπιτυχίαν καὶ ἀναμένεται ὅτι θὰ ὁλοκληρωθοῦν ἐντὸς τῶν προσεχῶν ἡμερῶν. Οἱ ἀντιπρόσωποι ἐδήλωσαν ὅτι ἡ συνεργασία θὰ συνεχισθῇ ἐπὶ τῇ βάσει τῶν ἀρχῶν τοῦ Χάρτου.

ΕΞΕΔΟΘΗ ΤΟ ΠΟΡΙΣΜΑ ΤΩΝ ΑΝΑΚΡΙΣΕΩΝ ΚΑΤΑ ΤΟΥ ΔΙΕΥΘΥΝΤΟΥ ΤΗΣ ΠΟΛΕΟΔΟΜΙΑΣ

ΑΘΗΝΑΙ, 12.— Ὁ ἀνταποκριτὴς μας πληροφορεῖ ὅτι κατὰ τὴν χθεσινὴν συνεδρίασιν ἀπεφασίσθη ὅπως αἱ ἐργασίαι συνεχισθοῦν ἀπὸ τῆς προσεχοῦς ἑβδομάδος. Ἡ κυβέρνησις ἐξέδωσεν ἀνακοινωθὲν διὰ τοῦ ὁποίου τονίζεται ὅτι τὰ μέτρα θὰ ἐφαρμοσθοῦν ἀμέσως. Κατὰ πληροφορίας ἐκ τῆς πρωτευούσης, αἱ διαπραγματεύσεις συνεχίζονται μὲ ἐπιτυχίαν καὶ ἀναμένεται ὅτι θὰ ὁλοκληρωθοῦν ἐντὸς τῶν προσεχῶν ἡμερῶν. Οἱ ἀντιπρόσωποι ἐδήλωσαν ὅτι ἡ συνεργασία θὰ συνεχισθῇ ἐπὶ τῇ βάσει τῶν ἀρχῶν τοῦ Χάρτου.

Ο ΓΚΙΟΥΡΣΕΛ ΠΡΟΕΙΔΟΠΟΙΕΙ ΤΟΥΣ ΦΟΙΤΗΤΑΣ

ΑΘΗΝΑΙ, 12.— Ὁ ἀνταποκριτὴς μας πληροφορεῖ ὅτι κατὰ τὴν χθεσινὴν συνεδρίασιν ἀπεφασίσθη ὅπως αἱ ἐργασίαι συνεχισθοῦν ἀπὸ τῆς προσεχοῦς ἑβδομάδος. Ἡ κυβέρνησις ἐξέδωσεν ἀνακοινωθὲν διὰ τοῦ ὁποίου τονίζεται ὅτι τὰ μέτρα θὰ ἐφαρμοσθοῦν ἀμέσως. Κατὰ πληροφορίας ἐκ τῆς πρωτευούσης, αἱ διαπραγματεύσεις συνεχίζονται μὲ ἐπιτυχίαν καὶ ἀναμένεται ὅτι θὰ ὁλοκληρωθοῦν ἐντὸς τῶν προσεχῶν ἡμερῶν. Οἱ ἀντιπρόσωποι ἐδήλωσαν ὅτι ἡ συνεργασία θὰ συνεχισθῇ ἐπὶ τῇ βάσει τῶν ἀρχῶν τοῦ Χάρτου.

ΣΥΝΟΡΑ ΙΝΔΟΓΑΝ

ΑΘΗΝΑΙ, 12.— Ὁ ἀνταποκριτὴς μας πληροφορεῖ ὅτι κατὰ τὴν χθεσινὴν συνεδρίασιν ἀπεφασίσθη ὅπως αἱ ἐργασίαι συνεχισθοῦν ἀπὸ τῆς προσεχοῦς ἑβδομάδος. Ἡ κυβέρνησις ἐξέδωσεν ἀνακοινωθὲν διὰ τοῦ ὁποίου τονίζεται ὅτι τὰ μέτρα θὰ ἐφαρμοσθοῦν ἀμέσως. Κατὰ πληροφορίας ἐκ τῆς πρωτευούσης, αἱ διαπραγματεύσεις συνεχίζονται μὲ ἐπιτυχίαν καὶ ἀναμένεται ὅτι θὰ ὁλοκληρωθοῦν ἐντὸς τῶν προσεχῶν ἡμερῶν. Οἱ ἀντιπρόσωποι ἐδήλωσαν ὅτι ἡ συνεργασία θὰ συνεχισθῇ ἐπὶ τῇ βάσει τῶν ἀρχῶν τοῦ Χάρτου.

ΑΝΗΣΥΧΙΑ ΕΙΣ ΑΓΓΛΙΑΝ

ΑΘΗΝΑΙ, 12.— Ὁ ἀνταποκριτὴς μας πληροφορεῖ ὅτι κατὰ τὴν χθεσινὴν συνεδρίασιν ἀπεφασίσθη ὅπως αἱ ἐργασίαι συνεχισθοῦν ἀπὸ τῆς προσεχοῦς ἑβδομάδος. Ἡ κυβέρνησις ἐξέδωσεν ἀνακοινωθὲν διὰ τοῦ ὁποίου τονίζεται ὅτι τὰ μέτρα θὰ ἐφαρμοσθοῦν ἀμέσως. Κατὰ πληροφορίας ἐκ τῆς πρωτευούσης, αἱ διαπραγματεύσεις συνεχίζονται μὲ ἐπιτυχίαν καὶ ἀναμένεται ὅτι θὰ ὁλοκληρωθοῦν ἐντὸς τῶν προσεχῶν ἡμερῶν. Οἱ ἀντιπρόσωποι ἐδήλωσαν ὅτι ἡ συνεργασία θὰ συνεχισθῇ ἐπὶ τῇ βάσει τῶν ἀρχῶν τοῦ Χάρτου.

ΕΜΒΡΥΟΝ ΕΖΗΣΕΝ ΕΠΙ 60 ΗΜΕΡΑΣ ΕΚΤΟΣ ΤΗΣ ΚΟΙΛΙΑΣ ΤΗΣ ΜΗΤΡΟΣ

ΑΘΗΝΑΙ, 12.— Ὁ ἀνταποκριτὴς μας πληροφορεῖ ὅτι κατὰ τὴν χθεσινὴν συνεδρίασιν ἀπεφασίσθη ὅπως αἱ ἐργασίαι συνεχισθοῦν ἀπὸ τῆς προσεχοῦς ἑβδομάδος. Ἡ κυβέρνησις ἐξέδωσεν ἀνακοινωθὲν διὰ τοῦ ὁποίου τονίζεται ὅτι τὰ μέτρα θὰ ἐφαρμοσθοῦν ἀμέσως. Κατὰ πληροφορίας ἐκ τῆς πρωτευούσης, αἱ διαπραγματεύσεις συνεχίζονται μὲ ἐπιτυχίαν καὶ ἀναμένεται ὅτι θὰ ὁλοκληρωθοῦν ἐντὸς τῶν προσεχῶν ἡμερῶν. Οἱ ἀντιπρόσωποι ἐδήλωσαν ὅτι ἡ συνεργασία θὰ συνεχισθῇ ἐπὶ τῇ βάσει τῶν ἀρχῶν τοῦ Χάρτου.

ΘΕΜΑ ΗΘΙΚΗΣ ΤΑΞΕΩΣ ΘΕΩΡΕΙ Η ΕΠΙΘΕΣΙΣ ΚΑΤΑ ΤΟΥ κ. ΖΟΡΜΠΑ ΤΟΝΙΖΕΙ Ο κ. ΓΡΙΒΑΣ

ΑΘΗΝΑΙ, 12.— Ὁ ἀνταποκριτὴς μας πληροφορεῖ ὅτι κατὰ τὴν χθεσινὴν συνεδρίασιν ἀπεφασίσθη ὅπως αἱ ἐργασίαι συνεχισθοῦν ἀπὸ τῆς προσεχοῦς ἑβδομάδος. Ἡ κυβέρνησις ἐξέδωσεν ἀνακοινωθὲν διὰ τοῦ ὁποίου τονίζεται ὅτι τὰ μέτρα θὰ ἐφαρμοσθοῦν ἀμέσως. Κατὰ πληροφορίας ἐκ τῆς πρωτευούσης, αἱ διαπραγματεύσεις συνεχίζονται μὲ ἐπιτυχίαν καὶ ἀναμένεται ὅτι θὰ ὁλοκληρωθοῦν ἐντὸς τῶν προσεχῶν ἡμερῶν. Οἱ ἀντιπρόσωποι ἐδήλωσαν ὅτι ἡ συνεργασία θὰ συνεχισθῇ ἐπὶ τῇ βάσει τῶν ἀρχῶν τοῦ Χάρτου.

ΣΥΝΕΚΤΡΟΦΗ ΔΙΑΔΗΛΩΣΙΣ

ΑΘΗΝΑΙ, 12.— Ὁ ἀνταποκριτὴς μας πληροφορεῖ ὅτι κατὰ τὴν χθεσινὴν συνεδρίασιν ἀπεφασίσθη ὅπως αἱ ἐργασίαι συνεχισθοῦν ἀπὸ τῆς προσεχοῦς ἑβδομάδος. Ἡ κυβέρνησις ἐξέδωσεν ἀνακοινωθὲν διὰ τοῦ ὁποίου τονίζεται ὅτι τὰ μέτρα θὰ ἐφαρμοσθοῦν ἀμέσως. Κατὰ πληροφορίας ἐκ τῆς πρωτευούσης, αἱ διαπραγματεύσεις συνεχίζονται μὲ ἐπιτυχίαν καὶ ἀναμένεται ὅτι θὰ ὁλοκληρωθοῦν ἐντὸς τῶν προσεχῶν ἡμερῶν. Οἱ ἀντιπρόσωποι ἐδήλωσαν ὅτι ἡ συνεργασία θὰ συνεχισθῇ ἐπὶ τῇ βάσει τῶν ἀρχῶν τοῦ Χάρτου.

Ο κ. ΡΑΝΚΟΒΙΤΣ ΔΙΑ ΤΑΣ ΣΥΝΟΜΙΛΙΑΣ ΤΟΥ ΕΙΣ ΑΘΗΝΑΣ

ΑΘΗΝΑΙ, 12.— Ὁ ἀνταποκριτὴς μας πληροφορεῖ ὅτι κατὰ τὴν χθεσινὴν συνεδρίασιν ἀπεφασίσθη ὅπως αἱ ἐργασίαι συνεχισθοῦν ἀπὸ τῆς προσεχοῦς ἑβδομάδος. Ἡ κυβέρνησις ἐξέδωσεν ἀνακοινωθὲν διὰ τοῦ ὁποίου τονίζεται ὅτι τὰ μέτρα θὰ ἐφαρμοσθοῦν ἀμέσως. Κατὰ πληροφορίας ἐκ τῆς πρωτευούσης, αἱ διαπραγματεύσεις συνεχίζονται μὲ ἐπιτυχίαν καὶ ἀναμένεται ὅτι θὰ ὁλοκληρωθοῦν ἐντὸς τῶν προσεχῶν ἡμερῶν. Οἱ ἀντιπρόσωποι ἐδήλωσαν ὅτι ἡ συνεργασία θὰ συνεχισθῇ ἐπὶ τῇ βάσει τῶν ἀρχῶν τοῦ Χάρτου.

ΑΦΟΥ ΕΛΑΒΕ ΣΤΡΥΧΝΙΝΗΝ ΑΛΛΑ ΜΕ ΑΝΤΙΣΤΙΚΗΝ ΜΕΤΕΒΗ ΕΙΣ ΤΟ ΘΕΑΤΡΟΝ

ΑΘΗΝΑΙ, 12.— Ὁ ἀνταποκριτὴς μας πληροφορεῖ ὅτι κατὰ τὴν χθεσινὴν συνεδρίασιν ἀπεφασίσθη ὅπως αἱ ἐργασίαι συνεχισθοῦν ἀπὸ τῆς προσεχοῦς ἑβδομάδος. Ἡ κυβέρνησις ἐξέδωσεν ἀνακοινωθὲν διὰ τοῦ ὁποίου τονίζεται ὅτι τὰ μέτρα θὰ ἐφαρμοσθοῦν ἀμέσως. Κατὰ πληροφορίας ἐκ τῆς πρωτευούσης, αἱ διαπραγματεύσεις συνεχίζονται μὲ ἐπιτυχίαν καὶ ἀναμένεται ὅτι θὰ ὁλοκληρωθοῦν ἐντὸς τῶν προσεχῶν ἡμερῶν. Οἱ ἀντιπρόσωποι ἐδήλωσαν ὅτι ἡ συνεργασία θὰ συνεχισθῇ ἐπὶ τῇ βάσει τῶν ἀρχῶν τοῦ Χάρτου.

ΚΑΙ ΔΙΑΔΗΛΩΣΙΣ

ΑΘΗΝΑΙ, 12.— Ὁ ἀνταποκριτὴς μας πληροφορεῖ ὅτι κατὰ τὴν χθεσινὴν συνεδρίασιν ἀπεφασίσθη ὅπως αἱ ἐργασίαι συνεχισθοῦν ἀπὸ τῆς προσεχοῦς ἑβδομάδος. Ἡ κυβέρνησις ἐξέδωσεν ἀνακοινωθὲν διὰ τοῦ ὁποίου τονίζεται ὅτι τὰ μέτρα θὰ ἐφαρμοσθοῦν ἀμέσως. Κατὰ πληροφορίας ἐκ τῆς πρωτευούσης, αἱ διαπραγματεύσεις συνεχίζονται μὲ ἐπιτυχίαν καὶ ἀναμένεται ὅτι θὰ ὁλοκληρωθοῦν ἐντὸς τῶν προσεχῶν ἡμερῶν. Οἱ ἀντιπρόσωποι ἐδήλωσαν ὅτι ἡ συνεργασία θὰ συνεχισθῇ ἐπὶ τῇ βάσει τῶν ἀρχῶν τοῦ Χάρτου.

ΕΙΣ ΑΓΚΟΛΑΝ ΔΥΝΑΜΕΙΣ ΕΠΑΝΑΣΤΑΤΩΝ ΣΥΓΚΕΝΤΡΟΥΝΤΑΙ ΠΕΡΙ ΤΗΝ ΠΡΩΤΕΥΟΥΣΑΝ

ΟΙ ΠΟΡΤΟΓΑΛΟΙ ΟΜΙΛΟΥΝ ΠΕΡΙ ΕΙΣΒΟΛΗΣ

ΑΘΗΝΑΙ, 12.— Ὁ ἀνταποκριτὴς μας πληροφορεῖ ὅτι κατὰ τὴν χθεσινὴν συνεδρίασιν ἀπεφασίσθη ὅπως αἱ ἐργασίαι συνεχισθοῦν ἀπὸ τῆς προσεχοῦς ἑβδομάδος. Ἡ κυβέρνησις ἐξέδωσεν ἀνακοινωθὲν διὰ τοῦ ὁποίου τονίζεται ὅτι τὰ μέτρα θὰ ἐφαρμοσθοῦν ἀμέσως. Κατὰ πληροφορίας ἐκ τῆς πρωτευούσης, αἱ διαπραγματεύσεις συνεχίζονται μὲ ἐπιτυχίαν καὶ ἀναμένεται ὅτι θὰ ὁλοκληρωθοῦν ἐντὸς τῶν προσεχῶν ἡμερῶν. Οἱ ἀντιπρόσωποι ἐδήλωσαν ὅτι ἡ συνεργασία θὰ συνεχισθῇ ἐπὶ τῇ βάσει τῶν ἀρχῶν τοῦ Χάρτου.

ΑΘΗΝΑΙ, 12.— Ὁ ἀνταποκριτὴς μας πληροφορεῖ ὅτι κατὰ τὴν χθεσινὴν συνεδρίασιν ἀπεφασίσθη ὅπως αἱ ἐργασίαι συνεχισθοῦν ἀπὸ τῆς προσεχοῦς ἑβδομάδος. Ἡ κυβέρνησις ἐξέδωσεν ἀνακοινωθὲν διὰ τοῦ ὁποίου τονίζεται ὅτι τὰ μέτρα θὰ ἐφαρμοσθοῦν ἀμέσως. Κατὰ πληροφορίας ἐκ τῆς πρωτευούσης, αἱ διαπραγματεύσεις συνεχίζονται μὲ ἐπιτυχίαν καὶ ἀναμένεται ὅτι θὰ ὁλοκληρωθοῦν ἐντὸς τῶν προσεχῶν ἡμερῶν. Οἱ ἀντιπρόσωποι ἐδήλωσαν ὅτι ἡ συνεργασία θὰ συνεχισθῇ ἐπὶ τῇ βάσει τῶν ἀρχῶν τοῦ Χάρτου.

ΕΒΛΑΒΗ ΑΕΡΟΠΛΑΝΟΝ

ΑΘΗΝΑΙ, 12.— Ὁ ἀνταποκριτὴς μας πληροφορεῖ ὅτι κατὰ τὴν χθεσινὴν συνεδρίασιν ἀπεφασίσθη ὅπως αἱ ἐργασίαι συνεχισθοῦν ἀπὸ τῆς προσεχοῦς ἑβδομάδος. Ἡ κυβέρνησις ἐξέδωσεν ἀνακοινωθὲν διὰ τοῦ ὁποίου τονίζεται ὅτι τὰ μέτρα θὰ ἐφαρμοσθοῦν ἀμέσως. Κατὰ πληροφορίας ἐκ τῆς πρωτευούσης, αἱ διαπραγματεύσεις συνεχίζονται μὲ ἐπιτυχίαν καὶ ἀναμένεται ὅτι θὰ ὁλοκληρωθοῦν ἐντὸς τῶν προσεχῶν ἡμερῶν. Οἱ ἀντιπρόσωποι ἐδήλωσαν ὅτι ἡ συνεργασία θὰ συνεχισθῇ ἐπὶ τῇ βάσει τῶν ἀρχῶν τοῦ Χάρτου.

ΑΙ ΑΥΤΟΜΑΤΩΝ ΟΠΛΩΝ

ΑΘΗΝΑΙ, 12.— Ὁ ἀνταποκριτὴς μας πληροφορεῖ ὅτι κατὰ τὴν χθεσινὴν συνεδρίασιν ἀπεφασίσθη ὅπως αἱ ἐργασίαι συνεχισθοῦν ἀπὸ τῆς προσεχοῦς ἑβδομάδος. Ἡ κυβέρνησις ἐξέδωσεν ἀνακοινωθὲν διὰ τοῦ ὁποίου τονίζεται ὅτι τὰ μέτρα θὰ ἐφαρμοσθοῦν ἀμέσως. Κατὰ πληροφορίας ἐκ τῆς πρωτευούσης, αἱ διαπραγματεύσεις συνεχίζονται μὲ ἐπιτυχίαν καὶ ἀναμένεται ὅτι θὰ ὁλοκληρωθοῦν ἐντὸς τῶν προσεχῶν ἡμερῶν. Οἱ ἀντιπρόσωποι ἐδήλωσαν ὅτι ἡ συνεργασία θὰ συνεχισθῇ ἐπὶ τῇ βάσει τῶν ἀρχῶν τοῦ Χάρτου.

ΑΘΗΝΑΙ, 12.— Ὁ ἀνταποκριτὴς μας πληροφορεῖ ὅτι κατὰ τὴν χθεσινὴν συνεδρίασιν ἀπεφασίσθη ὅπως αἱ ἐργασίαι συνεχισθοῦν ἀπὸ τῆς προσεχοῦς ἑβδομάδος. Ἡ κυβέρνησις ἐξέδωσεν ἀνακοινωθὲν διὰ τοῦ ὁποίου τονίζεται ὅτι τὰ μέτρα θὰ ἐφαρμοσθοῦν ἀμέσως. Κατὰ πληροφορίας ἐκ τῆς πρωτευούσης, αἱ διαπραγματεύσεις συνεχίζονται μὲ ἐπιτυχίαν καὶ ἀναμένεται ὅτι θὰ ὁλοκληρωθοῦν ἐντὸς τῶν προσεχῶν ἡμερῶν. Οἱ ἀντιπρόσωποι ἐδήλωσαν ὅτι ἡ συνεργασία θὰ συνεχισθῇ ἐπὶ τῇ βάσει τῶν ἀρχῶν τοῦ Χάρτου.

Η ΓΚΑΝΑΙΟΙ

ΑΘΗΝΑΙ, 12.— Ὁ ἀνταποκριτὴς μας πληροφορεῖ ὅτι κατὰ τὴν χθεσινὴν συνεδρίασιν ἀπεφασίσθη ὅπως αἱ ἐργασίαι συνεχισθοῦν ἀπὸ τῆς προσεχοῦς ἑβδομάδος. Ἡ κυβέρνησις ἐξέδωσεν ἀνακοινωθὲν διὰ τοῦ ὁποίου τονίζεται ὅτι τὰ μέτρα θὰ ἐφαρμοσθοῦν ἀμέσως. Κατὰ πληροφορίας ἐκ τῆς πρωτευούσης, αἱ διαπραγματεύσεις συνεχίζονται μὲ ἐπιτυχίαν καὶ ἀναμένεται ὅτι θὰ ὁλοκληρωθοῦν ἐντὸς τῶν προσεχῶν ἡμερῶν. Οἱ ἀντιπρόσωποι ἐδήλωσαν ὅτι ἡ συνεργασία θὰ συνεχισθῇ ἐπὶ τῇ βάσει τῶν ἀρχῶν τοῦ Χάρτου.

Η ΑΠΑΝΤΗΣΙΣ ΤΟΥ ΣΑΛΑΖΑΡ

ΑΘΗΝΑΙ, 12.— Ὁ ἀνταποκριτὴς μας πληροφορεῖ ὅτι κατὰ τὴν χθεσινὴν συνεδρίασιν ἀπεφασίσθη ὅπως αἱ ἐργασίαι συνεχισθοῦν ἀπὸ τῆς προσεχοῦς ἑβδομάδος. Ἡ κυβέρνησις ἐξέδωσεν ἀνακοινωθὲν διὰ τοῦ ὁποίου τονίζεται ὅτι τὰ μέτρα θὰ ἐφαρμοσθοῦν ἀμέσως. Κατὰ πληροφορίας ἐκ τῆς πρωτευούσης, αἱ διαπραγματεύσεις συνεχίζονται μὲ ἐπιτυχίαν καὶ ἀναμένεται ὅτι θὰ ὁλοκληρωθοῦν ἐντὸς τῶν προσεχῶν ἡμερῶν. Οἱ ἀντιπρόσωποι ἐδήλωσαν ὅτι ἡ συνεργασία θὰ συνεχισθῇ ἐπὶ τῇ βάσει τῶν ἀρχῶν τοῦ Χάρτου.

Ο ΔΙΟΙΚΗΤΗΣ ΤΗΣ Ν. Α. ΠΤΕΡΥΓΟΣ ΤΟΥ ΝΑΤΟ ΕΠΕΣΚΕΦΘΗ ΜΟΝΑΔΑΣ ΤΩΝ ΙΩΑΝΝΙΝΩΝ ΚΑΙ ΕΜΕΙΝΕΝ ΑΠΟΛΥΤΩΣ ΕΝΘΟΥΣΙΑΣΜΕΝΟΣ

ΑΘΗΝΑΙ, 12.— Ὁ ἀνταποκριτὴς μας πληροφορεῖ ὅτι κατὰ τὴν χθεσινὴν συνεδρίασιν ἀπεφασίσθη ὅπως αἱ ἐργασίαι συνεχισθοῦν ἀπὸ τῆς προσεχοῦς ἑβδομάδος. Ἡ κυβέρνησις ἐξέδωσεν ἀνακοινωθὲν διὰ τοῦ ὁποίου τονίζεται ὅτι τὰ μέτρα θὰ ἐφαρμοσθοῦν ἀμέσως. Κατὰ πληροφορίας ἐκ τῆς πρωτευούσης, αἱ διαπραγματεύσεις συνεχίζονται μὲ ἐπιτυχίαν καὶ ἀναμένεται ὅτι θὰ ὁλοκληρωθοῦν ἐντὸς τῶν προσεχῶν ἡμερῶν. Οἱ ἀντιπρόσωποι ἐδήλωσαν ὅτι ἡ συνεργασία θὰ συνεχισθῇ ἐπὶ τῇ βάσει τῶν ἀρχῶν τοῦ Χάρτου.

ΑΘΗΝΑΙ, 12.— Ὁ ἀνταποκριτὴς μας πληροφορεῖ ὅτι κατὰ τὴν χθεσινὴν συνεδρίασιν ἀπεφασίσθη ὅπως αἱ ἐργασίαι συνεχισθοῦν ἀπὸ τῆς προσεχοῦς ἑβδομάδος. Ἡ κυβέρνησις ἐξέδωσεν ἀνακοινωθὲν διὰ τοῦ ὁποίου τονίζεται ὅτι τὰ μέτρα θὰ ἐφαρμοσθοῦν ἀμέσως. Κατὰ πληροφορίας ἐκ τῆς πρωτευούσης, αἱ διαπραγματεύσεις συνεχίζονται μὲ ἐπιτυχίαν καὶ ἀναμένεται ὅτι θὰ ὁλοκληρωθοῦν ἐντὸς τῶν προσεχῶν ἡμερῶν. Οἱ ἀντιπρόσωποι ἐδήλωσαν ὅτι ἡ συνεργασία θὰ συνεχισθῇ ἐπὶ τῇ βάσει τῶν ἀρχῶν τοῦ Χάρτου.

ΑΘΗΝΑΙ, 12.— Ὁ ἀνταποκριτὴς μας πληροφορεῖ ὅτι κατὰ τὴν χθεσινὴν συνεδρίασιν ἀπεφασίσθη ὅπως αἱ ἐργασίαι συνεχισθοῦν ἀπὸ τῆς προσεχοῦς ἑβδομάδος. Ἡ κυβέρνησις ἐξέδωσεν ἀνακοινωθὲν διὰ τοῦ ὁποίου τονίζεται ὅτι τὰ μέτρα θὰ ἐφαρμοσθοῦν ἀμέσως. Κατὰ πληροφορίας ἐκ τῆς πρωτευούσης, αἱ διαπραγματεύσεις συνεχίζονται μὲ ἐπιτυχίαν καὶ ἀναμένεται ὅτι θὰ ὁλοκληρωθοῦν ἐντὸς τῶν προσεχῶν ἡμερῶν. Οἱ ἀντιπρόσωποι ἐδήλωσαν ὅτι ἡ συνεργασία θὰ συνεχισθῇ ἐπὶ τῇ βάσει τῶν ἀρχῶν τοῦ Χάρτου.

ΑΘΗΝΑΙ, 12.— Ὁ ἀνταποκριτὴς μας πληροφορεῖ ὅτι κατὰ τὴν χθεσινὴν συνεδρίασιν ἀπεφασίσθη ὅπως αἱ ἐργασίαι συνεχισθοῦν ἀπὸ τῆς προσεχοῦς ἑβδομάδος. Ἡ κυβέρνησις ἐξέδωσεν ἀνακοινωθὲν διὰ τοῦ ὁποίου τονίζεται ὅτι τὰ μέτρα θὰ ἐφαρμοσθοῦν ἀμέσως. Κατὰ πληροφορίας ἐκ τῆς πρωτευούσης, αἱ διαπραγματεύσεις συνεχίζονται μὲ ἐπιτυχίαν καὶ ἀναμένεται ὅτι θὰ ὁλοκληρωθοῦν ἐντὸς τῶν προσεχῶν ἡμερῶν. Οἱ ἀντιπρόσωποι ἐδήλωσαν ὅτι ἡ συνεργασία θὰ συνεχισθῇ ἐπὶ τῇ βάσει τῶν ἀρχῶν τοῦ Χάρτου.

ΑΘΗΝΑΙ, 12.— Ὁ ἀνταποκριτὴς μας πληροφορεῖ ὅτι κατὰ τὴν χθεσινὴν συνεδρίασιν ἀπεφασίσθη ὅπως αἱ ἐργασίαι συνεχισθοῦν ἀπὸ τῆς προσεχοῦς ἑβδομάδος. Ἡ κυβέρνησις ἐξέδωσεν ἀνακοινωθὲν διὰ τοῦ ὁποίου τονίζεται ὅτι τὰ μέτρα θὰ ἐφαρμοσθοῦν ἀμέσως. Κατὰ πληροφορίας ἐκ τῆς πρωτευούσης, αἱ διαπραγματεύσεις συνεχίζονται μὲ ἐπιτυχίαν καὶ ἀναμένεται ὅτι θὰ ὁλοκληρωθοῦν ἐντὸς τῶν προσεχῶν ἡμερῶν. Οἱ ἀντιπρόσωποι ἐδήλωσαν ὅτι ἡ συνεργασία θὰ συνεχισθῇ ἐπὶ τῇ βάσει τῶν ἀρχῶν τοῦ Χάρτου.

ΑΘΗΝΑΙ, 12.— Ὁ ἀνταποκριτὴς μας πληροφορεῖ ὅτι κατὰ τὴν χθεσινὴν συνεδρίασιν ἀπεφασίσθη ὅπως αἱ ἐργασίαι συνεχισθοῦν ἀπὸ τῆς προσεχοῦς ἑβδομάδος. Ἡ κυβέρνησις ἐξέδωσεν ἀνακοινωθὲν διὰ τοῦ ὁποίου τονίζεται ὅτι τὰ μέτρα θὰ ἐφαρμοσθοῦν ἀμέσως. Κατὰ πληροφορίας ἐκ τῆς πρωτευούσης, αἱ διαπραγματεύσεις συνεχίζονται μὲ ἐπιτυχίαν καὶ ἀναμένεται ὅτι θὰ ὁλοκληρωθοῦν ἐντὸς τῶν προσεχῶν ἡμερῶν. Οἱ ἀντιπρόσωποι ἐδήλωσαν ὅτι ἡ συνεργασία θὰ συνεχισθῇ ἐπὶ τῇ βάσει τῶν ἀρχῶν τοῦ Χάρτου.

1068 ΣΚΑΦΗ ΧΩΡΗΤΙΚΟΤΗΤΟΣ 5.574.044 ΚΟΡΩΝ ΑΡΙΘΜΕΙ Ο ΕΛΛΗΝΙΚΟΣ ΕΜΠΟΡΙΚΟΣ ΣΤΟΛΟΣ ΚΑΙ ΠΡΟΒΛΕΠΕΤΑΙ ΝΑ ΚΑΘΕΞΗ ΤΗΝ 5ΗΝ ΘΕΣΙΝ

ΑΘΗΝΑΙ, 12.— Ὁ ἀνταποκριτὴς μας πληροφορεῖ ὅτι κατὰ τὴν χθεσινὴν συνεδρίασιν ἀπεφασίσθη ὅπως αἱ ἐργασίαι συνεχισθοῦν ἀπὸ τῆς προσεχοῦς ἑβδομάδος. Ἡ κυβέρνησις ἐξέδωσεν ἀνακοινωθὲν διὰ τοῦ ὁποίου τονίζεται ὅτι τὰ μέτρα θὰ ἐφαρμοσθοῦν ἀμέσως. Κατὰ πληροφορίας ἐκ τῆς πρωτευούσης, αἱ διαπραγματεύσεις συνεχίζονται μὲ ἐπιτυχίαν καὶ ἀναμένεται ὅτι θὰ ὁλοκληρωθοῦν ἐντὸς τῶν προσεχῶν ἡμερῶν. Οἱ ἀντιπρόσωποι ἐδήλωσαν ὅτι ἡ συνεργασία θὰ συνεχισθῇ ἐπὶ τῇ βάσει τῶν ἀρχῶν τοῦ Χάρτου.

ΑΘΗΝΑΙ, 12.— Ὁ ἀνταποκριτὴς μας πληροφορεῖ ὅτι κατὰ τὴν χθεσινὴν συνεδρίασιν ἀπεφασίσθη ὅπως αἱ ἐργασίαι συνεχισθοῦν ἀπὸ τῆς προσεχοῦς ἑβδομάδος. Ἡ κυβέρνησις ἐξέδωσεν ἀνακοινωθὲν διὰ τοῦ ὁποίου τονίζεται ὅτι τὰ μέτρα θὰ ἐφαρμοσθοῦν ἀμέσως. Κατὰ πληροφορίας ἐκ τῆς πρωτευούσης, αἱ διαπραγματεύσεις συνεχίζονται μὲ ἐπιτυχίαν καὶ ἀναμένεται ὅτι θὰ ὁλοκληρωθοῦν ἐντὸς τῶν προσεχῶν ἡμερῶν. Οἱ ἀντιπρόσωποι ἐδήλωσαν ὅτι ἡ συνεργασία θὰ συνεχισθῇ ἐπὶ τῇ βάσει τῶν ἀρχῶν τοῦ Χάρτου.

ΑΘΗΝΑΙ, 12.— Ὁ ἀνταποκριτὴς μας πληροφορεῖ ὅτι κατὰ τὴν χθεσινὴν συνεδρίασιν ἀπεφασίσθη ὅπως αἱ ἐργασίαι συνεχισθοῦν ἀπὸ τῆς προσεχοῦς ἑβδομάδος. Ἡ κυβέρνησις ἐξέδωσεν ἀνακοινωθὲν διὰ τοῦ ὁποίου τονίζεται ὅτι τὰ μέτρα θὰ ἐφαρμοσθοῦν ἀμέσως. Κατὰ πληροφορίας ἐκ τῆς πρωτευούσης, αἱ διαπραγματεύσεις συνεχίζονται μὲ ἐπιτυχίαν καὶ ἀναμένεται ὅτι θὰ ὁλοκληρωθοῦν ἐντὸς τῶν προσεχῶν ἡμερῶν. Οἱ ἀντιπρόσωποι ἐδήλωσαν ὅτι ἡ συνεργασία θὰ συνεχισθῇ ἐπὶ τῇ βάσει τῶν ἀρχῶν τοῦ Χάρτου.

ΑΘΗΝΑΙ, 12.— Ὁ ἀνταποκριτὴς μας πληροφορεῖ ὅτι κατὰ τὴν χθεσινὴν συνεδρίασιν ἀπεφασίσθη ὅπως αἱ ἐργασίαι συνεχισθοῦν ἀπὸ τῆς προσεχοῦς ἑβδομάδος. Ἡ κυβέρνησις ἐξέδωσεν ἀνακοινωθὲν διὰ τοῦ ὁποίου τονίζεται ὅτι τὰ μέτρα θὰ ἐφαρμοσθοῦν ἀμέσως. Κατὰ πληροφορίας ἐκ τῆς πρωτευούσης, αἱ διαπραγματεύσεις συνεχίζονται μὲ ἐπιτυχίαν καὶ ἀναμένεται ὅτι θὰ ὁλοκληρωθοῦν ἐντὸς τῶν προσεχῶν ἡμερῶν. Οἱ ἀντιπρόσωποι ἐδήλωσαν ὅτι ἡ συνεργασία θὰ συνεχισθῇ ἐπὶ τῇ βάσει τῶν ἀρχῶν τοῦ Χάρτου.

ΑΘΗΝΑΙ, 12.— Ὁ ἀνταποκριτὴς μας πληροφορεῖ ὅτι κατὰ τὴν χθεσινὴν συνεδρίασιν ἀπεφασίσθη ὅπως αἱ ἐργασίαι συνεχισθοῦν ἀπὸ τῆς προσεχοῦς ἑβδομάδος. Ἡ κυβέρνησις ἐξέδωσεν ἀνακοινωθὲν διὰ τοῦ ὁποίου τονίζεται ὅτι τὰ μέτρα θὰ ἐφαρμοσθοῦν ἀμέσως. Κατὰ πληροφορίας ἐκ τῆς πρωτευούσης, αἱ διαπραγματεύσεις συνεχίζονται μὲ ἐπιτυχίαν καὶ ἀναμένεται ὅτι θὰ ὁλοκληρωθοῦν ἐντὸς τῶν προσεχῶν ἡμερῶν. Οἱ ἀντιπρόσωποι ἐδήλωσαν ὅτι ἡ συνεργασία θὰ συνεχισθῇ ἐπὶ τῇ βάσει τῶν ἀρχῶν τοῦ Χάρτου.

ΑΘΗΝΑΙ, 12.— Ὁ ἀνταποκριτὴς μας πληροφορεῖ ὅτι κατὰ τὴν χθεσινὴν συνεδρίασιν ἀπεφασίσθη ὅπως αἱ ἐργασίαι συνεχισθοῦν ἀπὸ τῆς προσεχοῦς ἑβδομάδος. Ἡ κυβέρνησις ἐξέδωσεν ἀνακοινωθὲν διὰ τοῦ ὁποίου τονίζεται ὅτι τὰ μέτρα θὰ ἐφαρμοσθοῦν ἀμέσως. Κατὰ πληροφορίας ἐκ τῆς πρωτευούσης, αἱ διαπραγματεύσεις συνεχίζονται μὲ ἐπιτυχίαν καὶ ἀναμένεται ὅτι θὰ ὁλοκληρωθοῦν ἐντὸς τῶν προσεχῶν ἡμερῶν. Οἱ ἀντιπρόσωποι ἐδήλωσαν ὅτι ἡ συνεργασία θὰ συνεχισθῇ ἐπὶ τῇ βάσει τῶν ἀρχῶν τοῦ Χάρτου.

Η ΤΕΩΣ ΠΡΟΕΔΡΟΣ ΤΩΝ ΑΓΓΛΩΝ ΕΡΓΑΤΙΚΩΝ ΜΠ. ΚΑΣΤΑ ΘΕΩΡΕΙ ΑΠΕΧΘΡΑΣ ΤΑΣ ΔΗΛΩΣΕΙΣ ΤΗΣ ΠΕΡΙ ΒΑΣΑΝΙΣΜΩΝ ΚΥΠΡΙΩΝ ΜΑΧΗΤΩΝ ΤΗΣ Ε.Ο.Κ.Α.

ΑΘΗΝΑΙ, 12.— Ὁ ἀνταποκριτὴς μας πληροφορεῖ ὅτι κατὰ τὴν χθεσινὴν συνεδρίασιν ἀπεφασίσθη ὅπως αἱ ἐργασίαι συνεχισθοῦν ἀπὸ τῆς προσεχοῦς ἑβδομάδος. Ἡ κυβέρνησις ἐξέδωσεν ἀνακοινωθὲν διὰ τοῦ ὁποίου τονίζεται ὅτι τὰ μέτρα θὰ ἐφαρμοσθοῦν ἀμέσως. Κατὰ πληροφορίας ἐκ τῆς πρωτευούσης, αἱ διαπραγματεύσεις συνεχίζονται μὲ ἐπιτυχίαν καὶ ἀναμένεται ὅτι θὰ ὁλοκληρωθοῦν ἐντὸς τῶν προσεχῶν ἡμερῶν. Οἱ ἀντιπρόσωποι ἐδήλωσαν ὅτι ἡ συνεργασία θὰ συνεχισθῇ ἐπὶ τῇ βάσει τῶν ἀρχῶν τοῦ Χάρτου.

ΑΘΗΝΑΙ, 12.— Ὁ ἀνταποκριτὴς μας πληροφορεῖ ὅτι κατὰ τὴν χθεσινὴν συνεδρίασιν ἀπεφασίσθη ὅπως αἱ ἐργασίαι συνεχισθοῦν ἀπὸ τῆς προσεχοῦς ἑβδομάδος. Ἡ κυβέρνησις ἐξέδωσεν ἀνακοινωθὲν διὰ τοῦ ὁποίου τονίζεται ὅτι τὰ μέτρα θὰ ἐφαρμοσθοῦν ἀμέσως. Κατὰ πληροφορίας ἐκ τῆς πρωτευούσης, αἱ διαπραγματεύσεις συνεχίζονται μὲ ἐπιτυχίαν καὶ ἀναμένεται ὅτι θὰ ὁλοκληρωθοῦν ἐντὸς τῶν προσεχῶν ἡμερῶν. Οἱ ἀντιπρόσωποι ἐδήλωσαν ὅτι ἡ συνεργασία θὰ συνεχισθῇ ἐπὶ τῇ βάσει τῶν ἀρχῶν τοῦ Χάρτου.

ΑΘΗΝΑΙ, 12.— Ὁ ἀνταποκριτὴς μας πληροφορεῖ ὅτι κατὰ τὴν χθεσινὴν συνεδρίασιν ἀπεφασίσθη ὅπως αἱ ἐργασίαι συνεχισθοῦν ἀπὸ τῆς προσεχοῦς ἑβδομάδος. Ἡ κυβέρνησις ἐξέδωσεν ἀνακοινωθὲν διὰ τοῦ ὁποίου τονίζεται ὅτι τὰ μέτρα θὰ ἐφαρμοσθοῦν ἀμέσως. Κατὰ πληροφορίας ἐκ τῆς πρωτευούσης, αἱ διαπραγματεύσεις συνεχίζονται μὲ ἐπιτυχίαν καὶ ἀναμένεται ὅτι θὰ ὁλοκληρωθοῦν ἐντὸς τῶν προσεχῶν ἡμερῶν. Οἱ ἀντιπρόσωποι ἐδήλωσαν ὅτι ἡ συνεργασία θὰ συνεχισθῇ ἐπὶ τῇ βάσει τῶν ἀρχῶν τοῦ Χάρτου.

ΑΘΗΝΑΙ, 12.— Ὁ ἀνταποκριτὴς μας πληροφορεῖ ὅτι κατὰ τὴν χθεσινὴν συνεδρίασιν ἀπεφασίσθη ὅπως αἱ ἐργασίαι συνεχισθοῦν ἀπὸ τῆς προσεχοῦς ἑβδομάδος. Ἡ κυβέρνησις ἐξέδωσεν ἀνακοινωθὲν διὰ τοῦ ὁποίου τονίζεται ὅτι τὰ μέτρα θὰ ἐφαρμοσθοῦν ἀμέσως. Κατὰ πληροφορίας ἐκ τῆς πρωτευούσης, αἱ διαπραγματεύσεις συνεχίζονται μὲ ἐπιτυχίαν καὶ ἀναμένεται ὅτι θὰ ὁλοκληρωθοῦν ἐντὸς τῶν προσεχῶν ἡμερῶν. Οἱ ἀντιπρόσωποι ἐδήλωσαν ὅτι ἡ συνεργασία θὰ συνεχισθῇ ἐπὶ τῇ βάσει τῶν ἀρχῶν τοῦ Χάρτου.

ΤΗΝ ΝΥΚΤΑ ΣΥΝΕΚΛΟΝΙΣΕ ΤΟ ΑΛΓΕΡΙΟΝ ΣΕΙΡΑ ΕΚΡΗΞΕΩΝ ΠΛΑΣΤΙΚΩΝ ΒΟΜΒΩΝ

ΠΡΟΕΤΟΙΜΑΖΕΤΑΙ Η ΚΗΡΥΞΙΣ ΑΠΕΡΓΙΑΣ

ΕΠΙΘΕΣΙΣ ΚΑΤΑ ΠΕΡΙΠΟΛΟΥ ΕΙΣ ΠΑΡΙΣΙΟΥΣ

ΑΘΗΝΑΙ, 12.— Ὁ ἀνταποκριτὴς μας πληροφορεῖ ὅτι κατὰ τὴν χθεσινὴν συνεδρίασιν ἀπεφασίσθη ὅπως αἱ ἐργασίαι συνεχισθοῦν ἀπὸ τῆς προσεχοῦς ἑβδομάδος. Ἡ κυβέρνησις ἐξέδωσεν ἀνακοινωθὲν διὰ τοῦ ὁποίου τονίζεται ὅτι τὰ μέτρα θὰ ἐφαρμοσθοῦν ἀμέσως. Κατὰ πληροφορίας ἐκ τῆς πρωτευούσης, αἱ διαπραγματεύσεις συνεχίζονται μὲ ἐπιτυχίαν καὶ ἀναμένεται ὅτι θὰ ὁλοκληρωθοῦν ἐντὸς τῶν προσεχῶν ἡμερῶν. Οἱ ἀντιπρόσωποι ἐδήλωσαν ὅτι ἡ συνεργασία θὰ συνεχισθῇ ἐπὶ τῇ βάσει τῶν ἀρχῶν τοῦ Χάρτου.

ΑΘΗΝΑΙ, 12.— Ὁ ἀνταποκριτὴς μας πληροφορεῖ ὅτι κατὰ τὴν χθεσινὴν συνεδρίασιν ἀπεφασίσθη ὅπως αἱ ἐργασίαι συνεχισθοῦν ἀπὸ τῆς προσεχοῦς ἑβδομάδος. Ἡ κυβέρνησις ἐξέδωσεν ἀνακοινωθὲν διὰ τοῦ ὁποίου τονίζεται ὅτι τὰ μέτρα θὰ ἐφαρμοσθοῦν ἀμέσως. Κατὰ πληροφορίας ἐκ τῆς πρωτευούσης, αἱ διαπραγματεύσεις συνεχίζονται μὲ ἐπιτυχίαν καὶ ἀναμένεται ὅτι θὰ ὁλοκληρωθοῦν ἐντὸς τῶν προσεχῶν ἡμερῶν. Οἱ ἀντιπρόσωποι ἐδήλωσαν ὅτι ἡ συνεργασία θὰ συνεχισθῇ ἐπὶ τῇ βάσει τῶν ἀρχῶν τοῦ Χάρτου.

ΠΑΛΗΡΗ ΑΝΕΞΑΡΤΗΣΙΑΝ

ΑΘΗΝΑΙ, 12.— Ὁ ἀνταποκριτὴς μας πληροφορεῖ ὅτι κατὰ τὴν χθεσινὴν συνεδρίασιν ἀπεφασίσθη ὅπως αἱ ἐργασίαι συνεχισθοῦν ἀπὸ τῆς προσεχοῦς ἑβδομάδος. Ἡ κυβέρνησις ἐξέδωσεν ἀνακοινωθὲν διὰ τοῦ ὁποίου τονίζεται ὅτι τὰ μέτρα θὰ ἐφαρμοσθοῦν ἀμέσως. Κατὰ πληροφορίας ἐκ τῆς πρωτευούσης, αἱ διαπραγματεύσεις συνεχίζονται μὲ ἐπιτυχίαν καὶ ἀναμένεται ὅτι θὰ ὁλοκληρωθοῦν ἐντὸς τῶν προσεχῶν ἡμερῶν. Οἱ ἀντιπρόσωποι ἐδήλωσαν ὅτι ἡ συνεργασία θὰ συνεχισθῇ ἐπὶ τῇ βάσει τῶν ἀρχῶν τοῦ Χάρτου.

ΕΙΣ ΠΑΡΙΣΙΟΥΣ

ΑΘΗΝΑΙ, 12.— Ὁ ἀνταποκριτὴς μας πληροφορεῖ ὅτι κατὰ τὴν χθεσινὴν συνεδρίασιν ἀπεφασίσθη ὅπως αἱ ἐργασίαι συνεχισθοῦν ἀπὸ τῆς προσεχοῦς ἑβδομάδος. Ἡ κυβέρνησις ἐξέδωσεν ἀνακοινωθὲν διὰ τοῦ ὁποίου τονίζεται ὅτι τὰ μέτρα θὰ ἐφαρμοσθοῦν ἀμέσως. Κατὰ πληροφορίας ἐκ τῆς πρωτευούσης, αἱ διαπραγματεύσεις συνεχίζονται μὲ ἐπιτυχίαν καὶ ἀναμένεται ὅτι θὰ ὁλοκληρωθοῦν ἐντὸς τῶν προσεχῶν ἡμερῶν. Οἱ ἀντιπρόσωποι ἐδήλωσαν ὅτι ἡ συνεργασία θὰ συνεχισθῇ ἐπὶ τῇ βάσει τῶν ἀρχῶν τοῦ Χάρτου.
